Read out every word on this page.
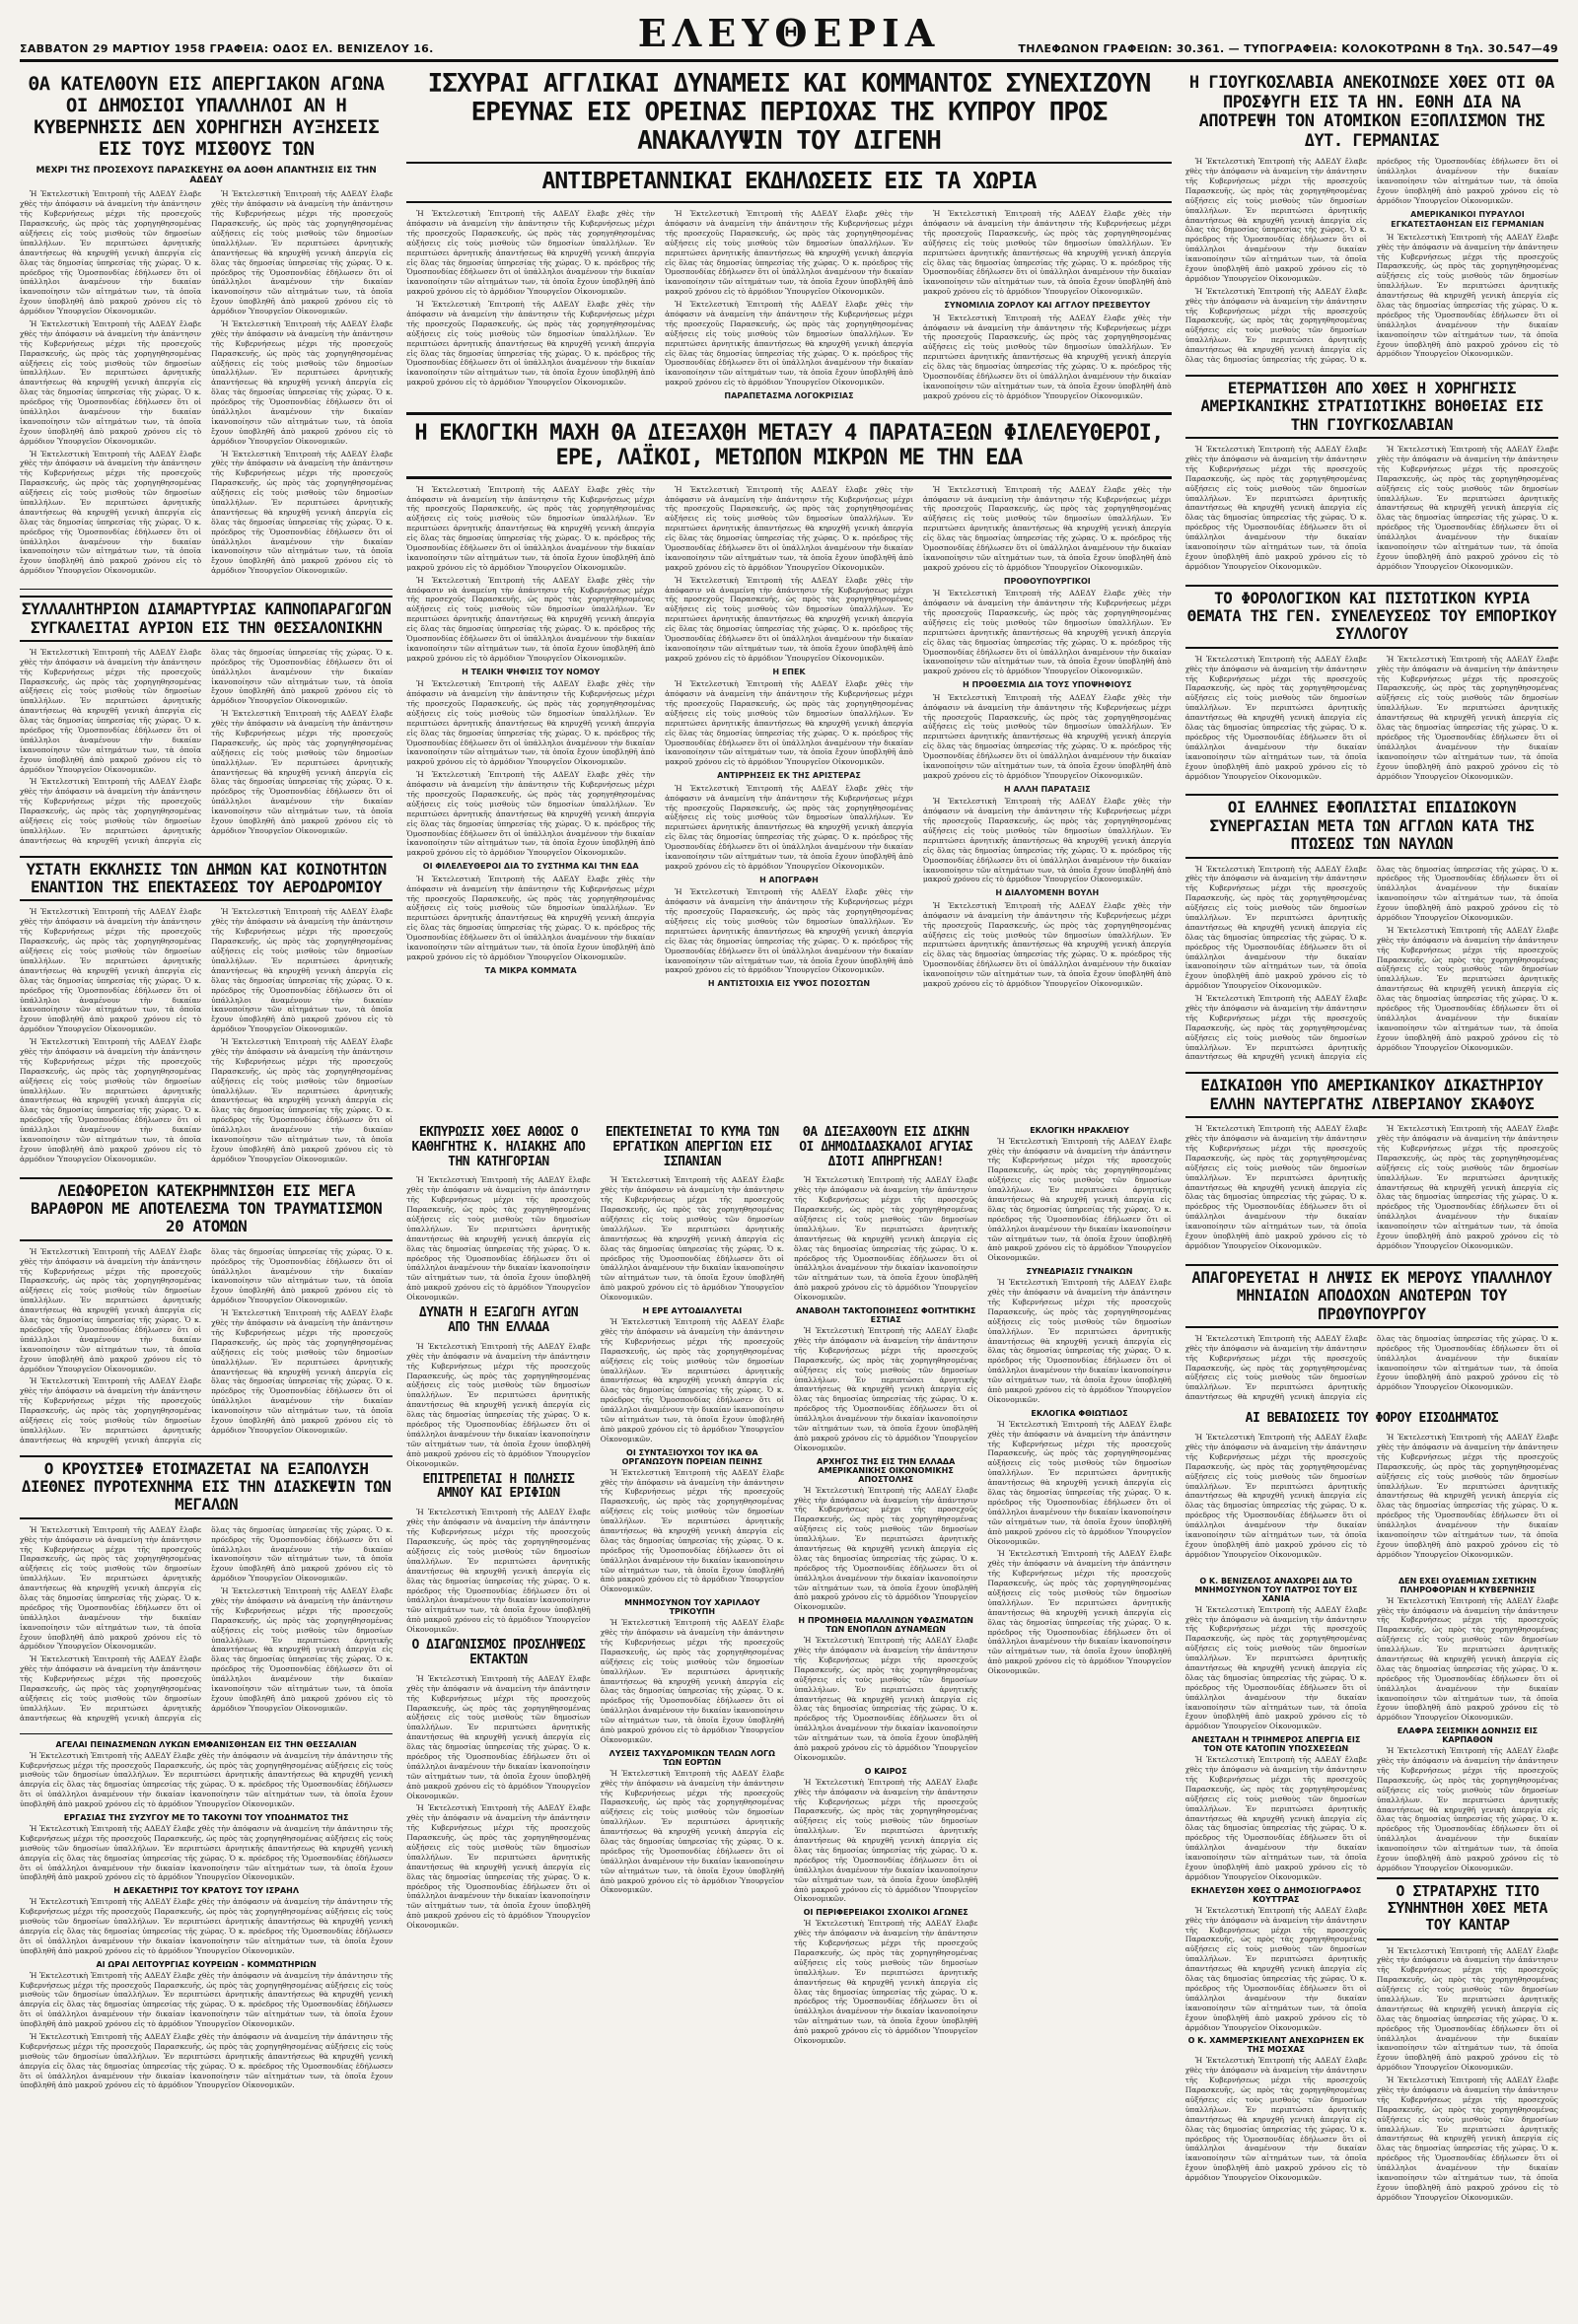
ΣΑΒΒΑΤΟΝ 29 ΜΑΡΤΙΟΥ 1958 ΓΡΑΦΕΙΑ: ΟΔΟΣ ΕΛ. ΒΕΝΙΖΕΛΟΥ 16.	ΕΛΕΥΘΕΡΙΑ	ΤΗΛΕΦΩΝΟΝ ΓΡΑΦΕΙΩΝ: 30.361. — ΤΥΠΟΓΡΑΦΕΙΑ: ΚΟΛΟΚΟΤΡΩΝΗ 8 Τηλ. 30.547—49
ΘΑ ΚΑΤΕΛΘΟΥΝ ΕΙΣ ΑΠΕΡΓΙΑΚΟΝ ΑΓΩΝΑ ΟΙ ΔΗΜΟΣΙΟΙ ΥΠΑΛΛΗΛΟΙ ΑΝ Η ΚΥΒΕΡΝΗΣΙΣ ΔΕΝ ΧΟΡΗΓΗΣΗ ΑΥΞΗΣΕΙΣ ΕΙΣ ΤΟΥΣ ΜΙΣΘΟΥΣ ΤΩΝ
ΜΕΧΡΙ ΤΗΣ ΠΡΟΣΕΧΟΥΣ ΠΑΡΑΣΚΕΥΗΣ ΘΑ ΔΟΘΗ ΑΠΑΝΤΗΣΙΣ ΕΙΣ ΤΗΝ ΑΔΕΔΥ

Ἡ Ἐκτελεστικὴ Ἐπιτροπὴ τῆς ΑΔΕΔΥ ἔλαβε χθὲς τὴν ἀπόφασιν νὰ ἀναμείνη τὴν ἀπάντησιν τῆς Κυβερνήσεως μέχρι τῆς προσεχοῦς Παρασκευῆς, ὡς πρὸς τὰς χορηγηθησομένας αὐξήσεις εἰς τοὺς μισθοὺς τῶν δημοσίων ὑπαλλήλων. Ἐν περιπτώσει ἀρνητικῆς ἀπαντήσεως θὰ κηρυχθῆ γενικὴ ἀπεργία εἰς ὅλας τὰς δημοσίας ὑπηρεσίας τῆς χώρας. Ὁ κ. πρόεδρος τῆς Ὁμοσπονδίας ἐδήλωσεν ὅτι οἱ ὑπάλληλοι ἀναμένουν τὴν δικαίαν ἱκανοποίησιν τῶν αἰτημάτων των, τὰ ὁποῖα ἔχουν ὑποβληθῆ ἀπὸ μακροῦ χρόνου εἰς τὸ ἁρμόδιον Ὑπουργεῖον Οἰκονομικῶν.

Ἡ Ἐκτελεστικὴ Ἐπιτροπὴ τῆς ΑΔΕΔΥ ἔλαβε χθὲς τὴν ἀπόφασιν νὰ ἀναμείνη τὴν ἀπάντησιν τῆς Κυβερνήσεως μέχρι τῆς προσεχοῦς Παρασκευῆς, ὡς πρὸς τὰς χορηγηθησομένας αὐξήσεις εἰς τοὺς μισθοὺς τῶν δημοσίων ὑπαλλήλων. Ἐν περιπτώσει ἀρνητικῆς ἀπαντήσεως θὰ κηρυχθῆ γενικὴ ἀπεργία εἰς ὅλας τὰς δημοσίας ὑπηρεσίας τῆς χώρας. Ὁ κ. πρόεδρος τῆς Ὁμοσπονδίας ἐδήλωσεν ὅτι οἱ ὑπάλληλοι ἀναμένουν τὴν δικαίαν ἱκανοποίησιν τῶν αἰτημάτων των, τὰ ὁποῖα ἔχουν ὑποβληθῆ ἀπὸ μακροῦ χρόνου εἰς τὸ ἁρμόδιον Ὑπουργεῖον Οἰκονομικῶν.

Ἡ Ἐκτελεστικὴ Ἐπιτροπὴ τῆς ΑΔΕΔΥ ἔλαβε χθὲς τὴν ἀπόφασιν νὰ ἀναμείνη τὴν ἀπάντησιν τῆς Κυβερνήσεως μέχρι τῆς προσεχοῦς Παρασκευῆς, ὡς πρὸς τὰς χορηγηθησομένας αὐξήσεις εἰς τοὺς μισθοὺς τῶν δημοσίων ὑπαλλήλων. Ἐν περιπτώσει ἀρνητικῆς ἀπαντήσεως θὰ κηρυχθῆ γενικὴ ἀπεργία εἰς ὅλας τὰς δημοσίας ὑπηρεσίας τῆς χώρας. Ὁ κ. πρόεδρος τῆς Ὁμοσπονδίας ἐδήλωσεν ὅτι οἱ ὑπάλληλοι ἀναμένουν τὴν δικαίαν ἱκανοποίησιν τῶν αἰτημάτων των, τὰ ὁποῖα ἔχουν ὑποβληθῆ ἀπὸ μακροῦ χρόνου εἰς τὸ ἁρμόδιον Ὑπουργεῖον Οἰκονομικῶν.

Ἡ Ἐκτελεστικὴ Ἐπιτροπὴ τῆς ΑΔΕΔΥ ἔλαβε χθὲς τὴν ἀπόφασιν νὰ ἀναμείνη τὴν ἀπάντησιν τῆς Κυβερνήσεως μέχρι τῆς προσεχοῦς Παρασκευῆς, ὡς πρὸς τὰς χορηγηθησομένας αὐξήσεις εἰς τοὺς μισθοὺς τῶν δημοσίων ὑπαλλήλων. Ἐν περιπτώσει ἀρνητικῆς ἀπαντήσεως θὰ κηρυχθῆ γενικὴ ἀπεργία εἰς ὅλας τὰς δημοσίας ὑπηρεσίας τῆς χώρας. Ὁ κ. πρόεδρος τῆς Ὁμοσπονδίας ἐδήλωσεν ὅτι οἱ ὑπάλληλοι ἀναμένουν τὴν δικαίαν ἱκανοποίησιν τῶν αἰτημάτων των, τὰ ὁποῖα ἔχουν ὑποβληθῆ ἀπὸ μακροῦ χρόνου εἰς τὸ ἁρμόδιον Ὑπουργεῖον Οἰκονομικῶν.

Ἡ Ἐκτελεστικὴ Ἐπιτροπὴ τῆς ΑΔΕΔΥ ἔλαβε χθὲς τὴν ἀπόφασιν νὰ ἀναμείνη τὴν ἀπάντησιν τῆς Κυβερνήσεως μέχρι τῆς προσεχοῦς Παρασκευῆς, ὡς πρὸς τὰς χορηγηθησομένας αὐξήσεις εἰς τοὺς μισθοὺς τῶν δημοσίων ὑπαλλήλων. Ἐν περιπτώσει ἀρνητικῆς ἀπαντήσεως θὰ κηρυχθῆ γενικὴ ἀπεργία εἰς ὅλας τὰς δημοσίας ὑπηρεσίας τῆς χώρας. Ὁ κ. πρόεδρος τῆς Ὁμοσπονδίας ἐδήλωσεν ὅτι οἱ ὑπάλληλοι ἀναμένουν τὴν δικαίαν ἱκανοποίησιν τῶν αἰτημάτων των, τὰ ὁποῖα ἔχουν ὑποβληθῆ ἀπὸ μακροῦ χρόνου εἰς τὸ ἁρμόδιον Ὑπουργεῖον Οἰκονομικῶν.

Ἡ Ἐκτελεστικὴ Ἐπιτροπὴ τῆς ΑΔΕΔΥ ἔλαβε χθὲς τὴν ἀπόφασιν νὰ ἀναμείνη τὴν ἀπάντησιν τῆς Κυβερνήσεως μέχρι τῆς προσεχοῦς Παρασκευῆς, ὡς πρὸς τὰς χορηγηθησομένας αὐξήσεις εἰς τοὺς μισθοὺς τῶν δημοσίων ὑπαλλήλων. Ἐν περιπτώσει ἀρνητικῆς ἀπαντήσεως θὰ κηρυχθῆ γενικὴ ἀπεργία εἰς ὅλας τὰς δημοσίας ὑπηρεσίας τῆς χώρας. Ὁ κ. πρόεδρος τῆς Ὁμοσπονδίας ἐδήλωσεν ὅτι οἱ ὑπάλληλοι ἀναμένουν τὴν δικαίαν ἱκανοποίησιν τῶν αἰτημάτων των, τὰ ὁποῖα ἔχουν ὑποβληθῆ ἀπὸ μακροῦ χρόνου εἰς τὸ ἁρμόδιον Ὑπουργεῖον Οἰκονομικῶν.

ΣΥΛΛΑΛΗΤΗΡΙΟΝ ΔΙΑΜΑΡΤΥΡΙΑΣ ΚΑΠΝΟΠΑΡΑΓΩΓΩΝ ΣΥΓΚΑΛΕΙΤΑΙ ΑΥΡΙΟΝ ΕΙΣ ΤΗΝ ΘΕΣΣΑΛΟΝΙΚΗΝ

Ἡ Ἐκτελεστικὴ Ἐπιτροπὴ τῆς ΑΔΕΔΥ ἔλαβε χθὲς τὴν ἀπόφασιν νὰ ἀναμείνη τὴν ἀπάντησιν τῆς Κυβερνήσεως μέχρι τῆς προσεχοῦς Παρασκευῆς, ὡς πρὸς τὰς χορηγηθησομένας αὐξήσεις εἰς τοὺς μισθοὺς τῶν δημοσίων ὑπαλλήλων. Ἐν περιπτώσει ἀρνητικῆς ἀπαντήσεως θὰ κηρυχθῆ γενικὴ ἀπεργία εἰς ὅλας τὰς δημοσίας ὑπηρεσίας τῆς χώρας. Ὁ κ. πρόεδρος τῆς Ὁμοσπονδίας ἐδήλωσεν ὅτι οἱ ὑπάλληλοι ἀναμένουν τὴν δικαίαν ἱκανοποίησιν τῶν αἰτημάτων των, τὰ ὁποῖα ἔχουν ὑποβληθῆ ἀπὸ μακροῦ χρόνου εἰς τὸ ἁρμόδιον Ὑπουργεῖον Οἰκονομικῶν.

Ἡ Ἐκτελεστικὴ Ἐπιτροπὴ τῆς ΑΔΕΔΥ ἔλαβε χθὲς τὴν ἀπόφασιν νὰ ἀναμείνη τὴν ἀπάντησιν τῆς Κυβερνήσεως μέχρι τῆς προσεχοῦς Παρασκευῆς, ὡς πρὸς τὰς χορηγηθησομένας αὐξήσεις εἰς τοὺς μισθοὺς τῶν δημοσίων ὑπαλλήλων. Ἐν περιπτώσει ἀρνητικῆς ἀπαντήσεως θὰ κηρυχθῆ γενικὴ ἀπεργία εἰς ὅλας τὰς δημοσίας ὑπηρεσίας τῆς χώρας. Ὁ κ. πρόεδρος τῆς Ὁμοσπονδίας ἐδήλωσεν ὅτι οἱ ὑπάλληλοι ἀναμένουν τὴν δικαίαν ἱκανοποίησιν τῶν αἰτημάτων των, τὰ ὁποῖα ἔχουν ὑποβληθῆ ἀπὸ μακροῦ χρόνου εἰς τὸ ἁρμόδιον Ὑπουργεῖον Οἰκονομικῶν.

Ἡ Ἐκτελεστικὴ Ἐπιτροπὴ τῆς ΑΔΕΔΥ ἔλαβε χθὲς τὴν ἀπόφασιν νὰ ἀναμείνη τὴν ἀπάντησιν τῆς Κυβερνήσεως μέχρι τῆς προσεχοῦς Παρασκευῆς, ὡς πρὸς τὰς χορηγηθησομένας αὐξήσεις εἰς τοὺς μισθοὺς τῶν δημοσίων ὑπαλλήλων. Ἐν περιπτώσει ἀρνητικῆς ἀπαντήσεως θὰ κηρυχθῆ γενικὴ ἀπεργία εἰς ὅλας τὰς δημοσίας ὑπηρεσίας τῆς χώρας. Ὁ κ. πρόεδρος τῆς Ὁμοσπονδίας ἐδήλωσεν ὅτι οἱ ὑπάλληλοι ἀναμένουν τὴν δικαίαν ἱκανοποίησιν τῶν αἰτημάτων των, τὰ ὁποῖα ἔχουν ὑποβληθῆ ἀπὸ μακροῦ χρόνου εἰς τὸ ἁρμόδιον Ὑπουργεῖον Οἰκονομικῶν.

ΥΣΤΑΤΗ ΕΚΚΛΗΣΙΣ ΤΩΝ ΔΗΜΩΝ ΚΑΙ ΚΟΙΝΟΤΗΤΩΝ ΕΝΑΝΤΙΟΝ ΤΗΣ ΕΠΕΚΤΑΣΕΩΣ ΤΟΥ ΑΕΡΟΔΡΟΜΙΟΥ

Ἡ Ἐκτελεστικὴ Ἐπιτροπὴ τῆς ΑΔΕΔΥ ἔλαβε χθὲς τὴν ἀπόφασιν νὰ ἀναμείνη τὴν ἀπάντησιν τῆς Κυβερνήσεως μέχρι τῆς προσεχοῦς Παρασκευῆς, ὡς πρὸς τὰς χορηγηθησομένας αὐξήσεις εἰς τοὺς μισθοὺς τῶν δημοσίων ὑπαλλήλων. Ἐν περιπτώσει ἀρνητικῆς ἀπαντήσεως θὰ κηρυχθῆ γενικὴ ἀπεργία εἰς ὅλας τὰς δημοσίας ὑπηρεσίας τῆς χώρας. Ὁ κ. πρόεδρος τῆς Ὁμοσπονδίας ἐδήλωσεν ὅτι οἱ ὑπάλληλοι ἀναμένουν τὴν δικαίαν ἱκανοποίησιν τῶν αἰτημάτων των, τὰ ὁποῖα ἔχουν ὑποβληθῆ ἀπὸ μακροῦ χρόνου εἰς τὸ ἁρμόδιον Ὑπουργεῖον Οἰκονομικῶν.

Ἡ Ἐκτελεστικὴ Ἐπιτροπὴ τῆς ΑΔΕΔΥ ἔλαβε χθὲς τὴν ἀπόφασιν νὰ ἀναμείνη τὴν ἀπάντησιν τῆς Κυβερνήσεως μέχρι τῆς προσεχοῦς Παρασκευῆς, ὡς πρὸς τὰς χορηγηθησομένας αὐξήσεις εἰς τοὺς μισθοὺς τῶν δημοσίων ὑπαλλήλων. Ἐν περιπτώσει ἀρνητικῆς ἀπαντήσεως θὰ κηρυχθῆ γενικὴ ἀπεργία εἰς ὅλας τὰς δημοσίας ὑπηρεσίας τῆς χώρας. Ὁ κ. πρόεδρος τῆς Ὁμοσπονδίας ἐδήλωσεν ὅτι οἱ ὑπάλληλοι ἀναμένουν τὴν δικαίαν ἱκανοποίησιν τῶν αἰτημάτων των, τὰ ὁποῖα ἔχουν ὑποβληθῆ ἀπὸ μακροῦ χρόνου εἰς τὸ ἁρμόδιον Ὑπουργεῖον Οἰκονομικῶν.

Ἡ Ἐκτελεστικὴ Ἐπιτροπὴ τῆς ΑΔΕΔΥ ἔλαβε χθὲς τὴν ἀπόφασιν νὰ ἀναμείνη τὴν ἀπάντησιν τῆς Κυβερνήσεως μέχρι τῆς προσεχοῦς Παρασκευῆς, ὡς πρὸς τὰς χορηγηθησομένας αὐξήσεις εἰς τοὺς μισθοὺς τῶν δημοσίων ὑπαλλήλων. Ἐν περιπτώσει ἀρνητικῆς ἀπαντήσεως θὰ κηρυχθῆ γενικὴ ἀπεργία εἰς ὅλας τὰς δημοσίας ὑπηρεσίας τῆς χώρας. Ὁ κ. πρόεδρος τῆς Ὁμοσπονδίας ἐδήλωσεν ὅτι οἱ ὑπάλληλοι ἀναμένουν τὴν δικαίαν ἱκανοποίησιν τῶν αἰτημάτων των, τὰ ὁποῖα ἔχουν ὑποβληθῆ ἀπὸ μακροῦ χρόνου εἰς τὸ ἁρμόδιον Ὑπουργεῖον Οἰκονομικῶν.

Ἡ Ἐκτελεστικὴ Ἐπιτροπὴ τῆς ΑΔΕΔΥ ἔλαβε χθὲς τὴν ἀπόφασιν νὰ ἀναμείνη τὴν ἀπάντησιν τῆς Κυβερνήσεως μέχρι τῆς προσεχοῦς Παρασκευῆς, ὡς πρὸς τὰς χορηγηθησομένας αὐξήσεις εἰς τοὺς μισθοὺς τῶν δημοσίων ὑπαλλήλων. Ἐν περιπτώσει ἀρνητικῆς ἀπαντήσεως θὰ κηρυχθῆ γενικὴ ἀπεργία εἰς ὅλας τὰς δημοσίας ὑπηρεσίας τῆς χώρας. Ὁ κ. πρόεδρος τῆς Ὁμοσπονδίας ἐδήλωσεν ὅτι οἱ ὑπάλληλοι ἀναμένουν τὴν δικαίαν ἱκανοποίησιν τῶν αἰτημάτων των, τὰ ὁποῖα ἔχουν ὑποβληθῆ ἀπὸ μακροῦ χρόνου εἰς τὸ ἁρμόδιον Ὑπουργεῖον Οἰκονομικῶν.

ΛΕΩΦΟΡΕΙΟΝ ΚΑΤΕΚΡΗΜΝΙΣΘΗ ΕΙΣ ΜΕΓΑ ΒΑΡΑΘΡΟΝ ΜΕ ΑΠΟΤΕΛΕΣΜΑ ΤΟΝ ΤΡΑΥΜΑΤΙΣΜΟΝ 20 ΑΤΟΜΩΝ

Ἡ Ἐκτελεστικὴ Ἐπιτροπὴ τῆς ΑΔΕΔΥ ἔλαβε χθὲς τὴν ἀπόφασιν νὰ ἀναμείνη τὴν ἀπάντησιν τῆς Κυβερνήσεως μέχρι τῆς προσεχοῦς Παρασκευῆς, ὡς πρὸς τὰς χορηγηθησομένας αὐξήσεις εἰς τοὺς μισθοὺς τῶν δημοσίων ὑπαλλήλων. Ἐν περιπτώσει ἀρνητικῆς ἀπαντήσεως θὰ κηρυχθῆ γενικὴ ἀπεργία εἰς ὅλας τὰς δημοσίας ὑπηρεσίας τῆς χώρας. Ὁ κ. πρόεδρος τῆς Ὁμοσπονδίας ἐδήλωσεν ὅτι οἱ ὑπάλληλοι ἀναμένουν τὴν δικαίαν ἱκανοποίησιν τῶν αἰτημάτων των, τὰ ὁποῖα ἔχουν ὑποβληθῆ ἀπὸ μακροῦ χρόνου εἰς τὸ ἁρμόδιον Ὑπουργεῖον Οἰκονομικῶν.

Ἡ Ἐκτελεστικὴ Ἐπιτροπὴ τῆς ΑΔΕΔΥ ἔλαβε χθὲς τὴν ἀπόφασιν νὰ ἀναμείνη τὴν ἀπάντησιν τῆς Κυβερνήσεως μέχρι τῆς προσεχοῦς Παρασκευῆς, ὡς πρὸς τὰς χορηγηθησομένας αὐξήσεις εἰς τοὺς μισθοὺς τῶν δημοσίων ὑπαλλήλων. Ἐν περιπτώσει ἀρνητικῆς ἀπαντήσεως θὰ κηρυχθῆ γενικὴ ἀπεργία εἰς ὅλας τὰς δημοσίας ὑπηρεσίας τῆς χώρας. Ὁ κ. πρόεδρος τῆς Ὁμοσπονδίας ἐδήλωσεν ὅτι οἱ ὑπάλληλοι ἀναμένουν τὴν δικαίαν ἱκανοποίησιν τῶν αἰτημάτων των, τὰ ὁποῖα ἔχουν ὑποβληθῆ ἀπὸ μακροῦ χρόνου εἰς τὸ ἁρμόδιον Ὑπουργεῖον Οἰκονομικῶν.

Ἡ Ἐκτελεστικὴ Ἐπιτροπὴ τῆς ΑΔΕΔΥ ἔλαβε χθὲς τὴν ἀπόφασιν νὰ ἀναμείνη τὴν ἀπάντησιν τῆς Κυβερνήσεως μέχρι τῆς προσεχοῦς Παρασκευῆς, ὡς πρὸς τὰς χορηγηθησομένας αὐξήσεις εἰς τοὺς μισθοὺς τῶν δημοσίων ὑπαλλήλων. Ἐν περιπτώσει ἀρνητικῆς ἀπαντήσεως θὰ κηρυχθῆ γενικὴ ἀπεργία εἰς ὅλας τὰς δημοσίας ὑπηρεσίας τῆς χώρας. Ὁ κ. πρόεδρος τῆς Ὁμοσπονδίας ἐδήλωσεν ὅτι οἱ ὑπάλληλοι ἀναμένουν τὴν δικαίαν ἱκανοποίησιν τῶν αἰτημάτων των, τὰ ὁποῖα ἔχουν ὑποβληθῆ ἀπὸ μακροῦ χρόνου εἰς τὸ ἁρμόδιον Ὑπουργεῖον Οἰκονομικῶν.

Ο ΚΡΟΥΣΤΣΕΦ ΕΤΟΙΜΑΖΕΤΑΙ ΝΑ ΕΞΑΠΟΛΥΣΗ ΔΙΕΘΝΕΣ ΠΥΡΟΤΕΧΝΗΜΑ ΕΙΣ ΤΗΝ ΔΙΑΣΚΕΨΙΝ ΤΩΝ ΜΕΓΑΛΩΝ

Ἡ Ἐκτελεστικὴ Ἐπιτροπὴ τῆς ΑΔΕΔΥ ἔλαβε χθὲς τὴν ἀπόφασιν νὰ ἀναμείνη τὴν ἀπάντησιν τῆς Κυβερνήσεως μέχρι τῆς προσεχοῦς Παρασκευῆς, ὡς πρὸς τὰς χορηγηθησομένας αὐξήσεις εἰς τοὺς μισθοὺς τῶν δημοσίων ὑπαλλήλων. Ἐν περιπτώσει ἀρνητικῆς ἀπαντήσεως θὰ κηρυχθῆ γενικὴ ἀπεργία εἰς ὅλας τὰς δημοσίας ὑπηρεσίας τῆς χώρας. Ὁ κ. πρόεδρος τῆς Ὁμοσπονδίας ἐδήλωσεν ὅτι οἱ ὑπάλληλοι ἀναμένουν τὴν δικαίαν ἱκανοποίησιν τῶν αἰτημάτων των, τὰ ὁποῖα ἔχουν ὑποβληθῆ ἀπὸ μακροῦ χρόνου εἰς τὸ ἁρμόδιον Ὑπουργεῖον Οἰκονομικῶν.

Ἡ Ἐκτελεστικὴ Ἐπιτροπὴ τῆς ΑΔΕΔΥ ἔλαβε χθὲς τὴν ἀπόφασιν νὰ ἀναμείνη τὴν ἀπάντησιν τῆς Κυβερνήσεως μέχρι τῆς προσεχοῦς Παρασκευῆς, ὡς πρὸς τὰς χορηγηθησομένας αὐξήσεις εἰς τοὺς μισθοὺς τῶν δημοσίων ὑπαλλήλων. Ἐν περιπτώσει ἀρνητικῆς ἀπαντήσεως θὰ κηρυχθῆ γενικὴ ἀπεργία εἰς ὅλας τὰς δημοσίας ὑπηρεσίας τῆς χώρας. Ὁ κ. πρόεδρος τῆς Ὁμοσπονδίας ἐδήλωσεν ὅτι οἱ ὑπάλληλοι ἀναμένουν τὴν δικαίαν ἱκανοποίησιν τῶν αἰτημάτων των, τὰ ὁποῖα ἔχουν ὑποβληθῆ ἀπὸ μακροῦ χρόνου εἰς τὸ ἁρμόδιον Ὑπουργεῖον Οἰκονομικῶν.

Ἡ Ἐκτελεστικὴ Ἐπιτροπὴ τῆς ΑΔΕΔΥ ἔλαβε χθὲς τὴν ἀπόφασιν νὰ ἀναμείνη τὴν ἀπάντησιν τῆς Κυβερνήσεως μέχρι τῆς προσεχοῦς Παρασκευῆς, ὡς πρὸς τὰς χορηγηθησομένας αὐξήσεις εἰς τοὺς μισθοὺς τῶν δημοσίων ὑπαλλήλων. Ἐν περιπτώσει ἀρνητικῆς ἀπαντήσεως θὰ κηρυχθῆ γενικὴ ἀπεργία εἰς ὅλας τὰς δημοσίας ὑπηρεσίας τῆς χώρας. Ὁ κ. πρόεδρος τῆς Ὁμοσπονδίας ἐδήλωσεν ὅτι οἱ ὑπάλληλοι ἀναμένουν τὴν δικαίαν ἱκανοποίησιν τῶν αἰτημάτων των, τὰ ὁποῖα ἔχουν ὑποβληθῆ ἀπὸ μακροῦ χρόνου εἰς τὸ ἁρμόδιον Ὑπουργεῖον Οἰκονομικῶν.

ΑΓΕΛΑΙ ΠΕΙΝΑΣΜΕΝΩΝ ΛΥΚΩΝ ΕΜΦΑΝΙΣΘΗΣΑΝ ΕΙΣ ΤΗΝ ΘΕΣΣΑΛΙΑΝ

Ἡ Ἐκτελεστικὴ Ἐπιτροπὴ τῆς ΑΔΕΔΥ ἔλαβε χθὲς τὴν ἀπόφασιν νὰ ἀναμείνη τὴν ἀπάντησιν τῆς Κυβερνήσεως μέχρι τῆς προσεχοῦς Παρασκευῆς, ὡς πρὸς τὰς χορηγηθησομένας αὐξήσεις εἰς τοὺς μισθοὺς τῶν δημοσίων ὑπαλλήλων. Ἐν περιπτώσει ἀρνητικῆς ἀπαντήσεως θὰ κηρυχθῆ γενικὴ ἀπεργία εἰς ὅλας τὰς δημοσίας ὑπηρεσίας τῆς χώρας. Ὁ κ. πρόεδρος τῆς Ὁμοσπονδίας ἐδήλωσεν ὅτι οἱ ὑπάλληλοι ἀναμένουν τὴν δικαίαν ἱκανοποίησιν τῶν αἰτημάτων των, τὰ ὁποῖα ἔχουν ὑποβληθῆ ἀπὸ μακροῦ χρόνου εἰς τὸ ἁρμόδιον Ὑπουργεῖον Οἰκονομικῶν.

ΕΡΓΑΣΙΑΣ ΤΗΣ ΣΥΖΥΓΟΥ ΜΕ ΤΟ ΤΑΚΟΥΝΙ ΤΟΥ ΥΠΟΔΗΜΑΤΟΣ ΤΗΣ

Ἡ Ἐκτελεστικὴ Ἐπιτροπὴ τῆς ΑΔΕΔΥ ἔλαβε χθὲς τὴν ἀπόφασιν νὰ ἀναμείνη τὴν ἀπάντησιν τῆς Κυβερνήσεως μέχρι τῆς προσεχοῦς Παρασκευῆς, ὡς πρὸς τὰς χορηγηθησομένας αὐξήσεις εἰς τοὺς μισθοὺς τῶν δημοσίων ὑπαλλήλων. Ἐν περιπτώσει ἀρνητικῆς ἀπαντήσεως θὰ κηρυχθῆ γενικὴ ἀπεργία εἰς ὅλας τὰς δημοσίας ὑπηρεσίας τῆς χώρας. Ὁ κ. πρόεδρος τῆς Ὁμοσπονδίας ἐδήλωσεν ὅτι οἱ ὑπάλληλοι ἀναμένουν τὴν δικαίαν ἱκανοποίησιν τῶν αἰτημάτων των, τὰ ὁποῖα ἔχουν ὑποβληθῆ ἀπὸ μακροῦ χρόνου εἰς τὸ ἁρμόδιον Ὑπουργεῖον Οἰκονομικῶν.

Η ΔΕΚΑΕΤΗΡΙΣ ΤΟΥ ΚΡΑΤΟΥΣ ΤΟΥ ΙΣΡΑΗΛ

Ἡ Ἐκτελεστικὴ Ἐπιτροπὴ τῆς ΑΔΕΔΥ ἔλαβε χθὲς τὴν ἀπόφασιν νὰ ἀναμείνη τὴν ἀπάντησιν τῆς Κυβερνήσεως μέχρι τῆς προσεχοῦς Παρασκευῆς, ὡς πρὸς τὰς χορηγηθησομένας αὐξήσεις εἰς τοὺς μισθοὺς τῶν δημοσίων ὑπαλλήλων. Ἐν περιπτώσει ἀρνητικῆς ἀπαντήσεως θὰ κηρυχθῆ γενικὴ ἀπεργία εἰς ὅλας τὰς δημοσίας ὑπηρεσίας τῆς χώρας. Ὁ κ. πρόεδρος τῆς Ὁμοσπονδίας ἐδήλωσεν ὅτι οἱ ὑπάλληλοι ἀναμένουν τὴν δικαίαν ἱκανοποίησιν τῶν αἰτημάτων των, τὰ ὁποῖα ἔχουν ὑποβληθῆ ἀπὸ μακροῦ χρόνου εἰς τὸ ἁρμόδιον Ὑπουργεῖον Οἰκονομικῶν.

ΑΙ ΩΡΑΙ ΛΕΙΤΟΥΡΓΙΑΣ ΚΟΥΡΕΙΩΝ - ΚΟΜΜΩΤΗΡΙΩΝ

Ἡ Ἐκτελεστικὴ Ἐπιτροπὴ τῆς ΑΔΕΔΥ ἔλαβε χθὲς τὴν ἀπόφασιν νὰ ἀναμείνη τὴν ἀπάντησιν τῆς Κυβερνήσεως μέχρι τῆς προσεχοῦς Παρασκευῆς, ὡς πρὸς τὰς χορηγηθησομένας αὐξήσεις εἰς τοὺς μισθοὺς τῶν δημοσίων ὑπαλλήλων. Ἐν περιπτώσει ἀρνητικῆς ἀπαντήσεως θὰ κηρυχθῆ γενικὴ ἀπεργία εἰς ὅλας τὰς δημοσίας ὑπηρεσίας τῆς χώρας. Ὁ κ. πρόεδρος τῆς Ὁμοσπονδίας ἐδήλωσεν ὅτι οἱ ὑπάλληλοι ἀναμένουν τὴν δικαίαν ἱκανοποίησιν τῶν αἰτημάτων των, τὰ ὁποῖα ἔχουν ὑποβληθῆ ἀπὸ μακροῦ χρόνου εἰς τὸ ἁρμόδιον Ὑπουργεῖον Οἰκονομικῶν.

Ἡ Ἐκτελεστικὴ Ἐπιτροπὴ τῆς ΑΔΕΔΥ ἔλαβε χθὲς τὴν ἀπόφασιν νὰ ἀναμείνη τὴν ἀπάντησιν τῆς Κυβερνήσεως μέχρι τῆς προσεχοῦς Παρασκευῆς, ὡς πρὸς τὰς χορηγηθησομένας αὐξήσεις εἰς τοὺς μισθοὺς τῶν δημοσίων ὑπαλλήλων. Ἐν περιπτώσει ἀρνητικῆς ἀπαντήσεως θὰ κηρυχθῆ γενικὴ ἀπεργία εἰς ὅλας τὰς δημοσίας ὑπηρεσίας τῆς χώρας. Ὁ κ. πρόεδρος τῆς Ὁμοσπονδίας ἐδήλωσεν ὅτι οἱ ὑπάλληλοι ἀναμένουν τὴν δικαίαν ἱκανοποίησιν τῶν αἰτημάτων των, τὰ ὁποῖα ἔχουν ὑποβληθῆ ἀπὸ μακροῦ χρόνου εἰς τὸ ἁρμόδιον Ὑπουργεῖον Οἰκονομικῶν.

ΙΣΧΥΡΑΙ ΑΓΓΛΙΚΑΙ ΔΥΝΑΜΕΙΣ ΚΑΙ ΚΟΜΜΑΝΤΟΣ ΣΥΝΕΧΙΖΟΥΝ ΕΡΕΥΝΑΣ ΕΙΣ ΟΡΕΙΝΑΣ ΠΕΡΙΟΧΑΣ ΤΗΣ ΚΥΠΡΟΥ ΠΡΟΣ ΑΝΑΚΑΛΥΨΙΝ ΤΟΥ ΔΙΓΕΝΗ
ΑΝΤΙΒΡΕΤΑΝΝΙΚΑΙ ΕΚΔΗΛΩΣΕΙΣ ΕΙΣ ΤΑ ΧΩΡΙΑ

Ἡ Ἐκτελεστικὴ Ἐπιτροπὴ τῆς ΑΔΕΔΥ ἔλαβε χθὲς τὴν ἀπόφασιν νὰ ἀναμείνη τὴν ἀπάντησιν τῆς Κυβερνήσεως μέχρι τῆς προσεχοῦς Παρασκευῆς, ὡς πρὸς τὰς χορηγηθησομένας αὐξήσεις εἰς τοὺς μισθοὺς τῶν δημοσίων ὑπαλλήλων. Ἐν περιπτώσει ἀρνητικῆς ἀπαντήσεως θὰ κηρυχθῆ γενικὴ ἀπεργία εἰς ὅλας τὰς δημοσίας ὑπηρεσίας τῆς χώρας. Ὁ κ. πρόεδρος τῆς Ὁμοσπονδίας ἐδήλωσεν ὅτι οἱ ὑπάλληλοι ἀναμένουν τὴν δικαίαν ἱκανοποίησιν τῶν αἰτημάτων των, τὰ ὁποῖα ἔχουν ὑποβληθῆ ἀπὸ μακροῦ χρόνου εἰς τὸ ἁρμόδιον Ὑπουργεῖον Οἰκονομικῶν.

Ἡ Ἐκτελεστικὴ Ἐπιτροπὴ τῆς ΑΔΕΔΥ ἔλαβε χθὲς τὴν ἀπόφασιν νὰ ἀναμείνη τὴν ἀπάντησιν τῆς Κυβερνήσεως μέχρι τῆς προσεχοῦς Παρασκευῆς, ὡς πρὸς τὰς χορηγηθησομένας αὐξήσεις εἰς τοὺς μισθοὺς τῶν δημοσίων ὑπαλλήλων. Ἐν περιπτώσει ἀρνητικῆς ἀπαντήσεως θὰ κηρυχθῆ γενικὴ ἀπεργία εἰς ὅλας τὰς δημοσίας ὑπηρεσίας τῆς χώρας. Ὁ κ. πρόεδρος τῆς Ὁμοσπονδίας ἐδήλωσεν ὅτι οἱ ὑπάλληλοι ἀναμένουν τὴν δικαίαν ἱκανοποίησιν τῶν αἰτημάτων των, τὰ ὁποῖα ἔχουν ὑποβληθῆ ἀπὸ μακροῦ χρόνου εἰς τὸ ἁρμόδιον Ὑπουργεῖον Οἰκονομικῶν.

Ἡ Ἐκτελεστικὴ Ἐπιτροπὴ τῆς ΑΔΕΔΥ ἔλαβε χθὲς τὴν ἀπόφασιν νὰ ἀναμείνη τὴν ἀπάντησιν τῆς Κυβερνήσεως μέχρι τῆς προσεχοῦς Παρασκευῆς, ὡς πρὸς τὰς χορηγηθησομένας αὐξήσεις εἰς τοὺς μισθοὺς τῶν δημοσίων ὑπαλλήλων. Ἐν περιπτώσει ἀρνητικῆς ἀπαντήσεως θὰ κηρυχθῆ γενικὴ ἀπεργία εἰς ὅλας τὰς δημοσίας ὑπηρεσίας τῆς χώρας. Ὁ κ. πρόεδρος τῆς Ὁμοσπονδίας ἐδήλωσεν ὅτι οἱ ὑπάλληλοι ἀναμένουν τὴν δικαίαν ἱκανοποίησιν τῶν αἰτημάτων των, τὰ ὁποῖα ἔχουν ὑποβληθῆ ἀπὸ μακροῦ χρόνου εἰς τὸ ἁρμόδιον Ὑπουργεῖον Οἰκονομικῶν.

Ἡ Ἐκτελεστικὴ Ἐπιτροπὴ τῆς ΑΔΕΔΥ ἔλαβε χθὲς τὴν ἀπόφασιν νὰ ἀναμείνη τὴν ἀπάντησιν τῆς Κυβερνήσεως μέχρι τῆς προσεχοῦς Παρασκευῆς, ὡς πρὸς τὰς χορηγηθησομένας αὐξήσεις εἰς τοὺς μισθοὺς τῶν δημοσίων ὑπαλλήλων. Ἐν περιπτώσει ἀρνητικῆς ἀπαντήσεως θὰ κηρυχθῆ γενικὴ ἀπεργία εἰς ὅλας τὰς δημοσίας ὑπηρεσίας τῆς χώρας. Ὁ κ. πρόεδρος τῆς Ὁμοσπονδίας ἐδήλωσεν ὅτι οἱ ὑπάλληλοι ἀναμένουν τὴν δικαίαν ἱκανοποίησιν τῶν αἰτημάτων των, τὰ ὁποῖα ἔχουν ὑποβληθῆ ἀπὸ μακροῦ χρόνου εἰς τὸ ἁρμόδιον Ὑπουργεῖον Οἰκονομικῶν.

ΠΑΡΑΠΕΤΑΣΜΑ ΛΟΓΟΚΡΙΣΙΑΣ

Ἡ Ἐκτελεστικὴ Ἐπιτροπὴ τῆς ΑΔΕΔΥ ἔλαβε χθὲς τὴν ἀπόφασιν νὰ ἀναμείνη τὴν ἀπάντησιν τῆς Κυβερνήσεως μέχρι τῆς προσεχοῦς Παρασκευῆς, ὡς πρὸς τὰς χορηγηθησομένας αὐξήσεις εἰς τοὺς μισθοὺς τῶν δημοσίων ὑπαλλήλων. Ἐν περιπτώσει ἀρνητικῆς ἀπαντήσεως θὰ κηρυχθῆ γενικὴ ἀπεργία εἰς ὅλας τὰς δημοσίας ὑπηρεσίας τῆς χώρας. Ὁ κ. πρόεδρος τῆς Ὁμοσπονδίας ἐδήλωσεν ὅτι οἱ ὑπάλληλοι ἀναμένουν τὴν δικαίαν ἱκανοποίησιν τῶν αἰτημάτων των, τὰ ὁποῖα ἔχουν ὑποβληθῆ ἀπὸ μακροῦ χρόνου εἰς τὸ ἁρμόδιον Ὑπουργεῖον Οἰκονομικῶν.

ΣΥΝΟΜΙΛΙΑ ΖΟΡΛΟΥ ΚΑΙ ΑΓΓΛΟΥ ΠΡΕΣΒΕΥΤΟΥ

Ἡ Ἐκτελεστικὴ Ἐπιτροπὴ τῆς ΑΔΕΔΥ ἔλαβε χθὲς τὴν ἀπόφασιν νὰ ἀναμείνη τὴν ἀπάντησιν τῆς Κυβερνήσεως μέχρι τῆς προσεχοῦς Παρασκευῆς, ὡς πρὸς τὰς χορηγηθησομένας αὐξήσεις εἰς τοὺς μισθοὺς τῶν δημοσίων ὑπαλλήλων. Ἐν περιπτώσει ἀρνητικῆς ἀπαντήσεως θὰ κηρυχθῆ γενικὴ ἀπεργία εἰς ὅλας τὰς δημοσίας ὑπηρεσίας τῆς χώρας. Ὁ κ. πρόεδρος τῆς Ὁμοσπονδίας ἐδήλωσεν ὅτι οἱ ὑπάλληλοι ἀναμένουν τὴν δικαίαν ἱκανοποίησιν τῶν αἰτημάτων των, τὰ ὁποῖα ἔχουν ὑποβληθῆ ἀπὸ μακροῦ χρόνου εἰς τὸ ἁρμόδιον Ὑπουργεῖον Οἰκονομικῶν.

Η ΕΚΛΟΓΙΚΗ ΜΑΧΗ ΘΑ ΔΙΕΞΑΧΘΗ ΜΕΤΑΞΥ 4 ΠΑΡΑΤΑΞΕΩΝ ΦΙΛΕΛΕΥΘΕΡΟΙ, ΕΡΕ, ΛΑΪΚΟΙ, ΜΕΤΩΠΟΝ ΜΙΚΡΩΝ ΜΕ ΤΗΝ ΕΔΑ

Ἡ Ἐκτελεστικὴ Ἐπιτροπὴ τῆς ΑΔΕΔΥ ἔλαβε χθὲς τὴν ἀπόφασιν νὰ ἀναμείνη τὴν ἀπάντησιν τῆς Κυβερνήσεως μέχρι τῆς προσεχοῦς Παρασκευῆς, ὡς πρὸς τὰς χορηγηθησομένας αὐξήσεις εἰς τοὺς μισθοὺς τῶν δημοσίων ὑπαλλήλων. Ἐν περιπτώσει ἀρνητικῆς ἀπαντήσεως θὰ κηρυχθῆ γενικὴ ἀπεργία εἰς ὅλας τὰς δημοσίας ὑπηρεσίας τῆς χώρας. Ὁ κ. πρόεδρος τῆς Ὁμοσπονδίας ἐδήλωσεν ὅτι οἱ ὑπάλληλοι ἀναμένουν τὴν δικαίαν ἱκανοποίησιν τῶν αἰτημάτων των, τὰ ὁποῖα ἔχουν ὑποβληθῆ ἀπὸ μακροῦ χρόνου εἰς τὸ ἁρμόδιον Ὑπουργεῖον Οἰκονομικῶν.

Ἡ Ἐκτελεστικὴ Ἐπιτροπὴ τῆς ΑΔΕΔΥ ἔλαβε χθὲς τὴν ἀπόφασιν νὰ ἀναμείνη τὴν ἀπάντησιν τῆς Κυβερνήσεως μέχρι τῆς προσεχοῦς Παρασκευῆς, ὡς πρὸς τὰς χορηγηθησομένας αὐξήσεις εἰς τοὺς μισθοὺς τῶν δημοσίων ὑπαλλήλων. Ἐν περιπτώσει ἀρνητικῆς ἀπαντήσεως θὰ κηρυχθῆ γενικὴ ἀπεργία εἰς ὅλας τὰς δημοσίας ὑπηρεσίας τῆς χώρας. Ὁ κ. πρόεδρος τῆς Ὁμοσπονδίας ἐδήλωσεν ὅτι οἱ ὑπάλληλοι ἀναμένουν τὴν δικαίαν ἱκανοποίησιν τῶν αἰτημάτων των, τὰ ὁποῖα ἔχουν ὑποβληθῆ ἀπὸ μακροῦ χρόνου εἰς τὸ ἁρμόδιον Ὑπουργεῖον Οἰκονομικῶν.

Η ΤΕΛΙΚΗ ΨΗΦΙΣΙΣ ΤΟΥ ΝΟΜΟΥ

Ἡ Ἐκτελεστικὴ Ἐπιτροπὴ τῆς ΑΔΕΔΥ ἔλαβε χθὲς τὴν ἀπόφασιν νὰ ἀναμείνη τὴν ἀπάντησιν τῆς Κυβερνήσεως μέχρι τῆς προσεχοῦς Παρασκευῆς, ὡς πρὸς τὰς χορηγηθησομένας αὐξήσεις εἰς τοὺς μισθοὺς τῶν δημοσίων ὑπαλλήλων. Ἐν περιπτώσει ἀρνητικῆς ἀπαντήσεως θὰ κηρυχθῆ γενικὴ ἀπεργία εἰς ὅλας τὰς δημοσίας ὑπηρεσίας τῆς χώρας. Ὁ κ. πρόεδρος τῆς Ὁμοσπονδίας ἐδήλωσεν ὅτι οἱ ὑπάλληλοι ἀναμένουν τὴν δικαίαν ἱκανοποίησιν τῶν αἰτημάτων των, τὰ ὁποῖα ἔχουν ὑποβληθῆ ἀπὸ μακροῦ χρόνου εἰς τὸ ἁρμόδιον Ὑπουργεῖον Οἰκονομικῶν.

Ἡ Ἐκτελεστικὴ Ἐπιτροπὴ τῆς ΑΔΕΔΥ ἔλαβε χθὲς τὴν ἀπόφασιν νὰ ἀναμείνη τὴν ἀπάντησιν τῆς Κυβερνήσεως μέχρι τῆς προσεχοῦς Παρασκευῆς, ὡς πρὸς τὰς χορηγηθησομένας αὐξήσεις εἰς τοὺς μισθοὺς τῶν δημοσίων ὑπαλλήλων. Ἐν περιπτώσει ἀρνητικῆς ἀπαντήσεως θὰ κηρυχθῆ γενικὴ ἀπεργία εἰς ὅλας τὰς δημοσίας ὑπηρεσίας τῆς χώρας. Ὁ κ. πρόεδρος τῆς Ὁμοσπονδίας ἐδήλωσεν ὅτι οἱ ὑπάλληλοι ἀναμένουν τὴν δικαίαν ἱκανοποίησιν τῶν αἰτημάτων των, τὰ ὁποῖα ἔχουν ὑποβληθῆ ἀπὸ μακροῦ χρόνου εἰς τὸ ἁρμόδιον Ὑπουργεῖον Οἰκονομικῶν.

ΟΙ ΦΙΛΕΛΕΥΘΕΡΟΙ ΔΙΑ ΤΟ ΣΥΣΤΗΜΑ ΚΑΙ ΤΗΝ ΕΔΑ

Ἡ Ἐκτελεστικὴ Ἐπιτροπὴ τῆς ΑΔΕΔΥ ἔλαβε χθὲς τὴν ἀπόφασιν νὰ ἀναμείνη τὴν ἀπάντησιν τῆς Κυβερνήσεως μέχρι τῆς προσεχοῦς Παρασκευῆς, ὡς πρὸς τὰς χορηγηθησομένας αὐξήσεις εἰς τοὺς μισθοὺς τῶν δημοσίων ὑπαλλήλων. Ἐν περιπτώσει ἀρνητικῆς ἀπαντήσεως θὰ κηρυχθῆ γενικὴ ἀπεργία εἰς ὅλας τὰς δημοσίας ὑπηρεσίας τῆς χώρας. Ὁ κ. πρόεδρος τῆς Ὁμοσπονδίας ἐδήλωσεν ὅτι οἱ ὑπάλληλοι ἀναμένουν τὴν δικαίαν ἱκανοποίησιν τῶν αἰτημάτων των, τὰ ὁποῖα ἔχουν ὑποβληθῆ ἀπὸ μακροῦ χρόνου εἰς τὸ ἁρμόδιον Ὑπουργεῖον Οἰκονομικῶν.

ΤΑ ΜΙΚΡΑ ΚΟΜΜΑΤΑ

Ἡ Ἐκτελεστικὴ Ἐπιτροπὴ τῆς ΑΔΕΔΥ ἔλαβε χθὲς τὴν ἀπόφασιν νὰ ἀναμείνη τὴν ἀπάντησιν τῆς Κυβερνήσεως μέχρι τῆς προσεχοῦς Παρασκευῆς, ὡς πρὸς τὰς χορηγηθησομένας αὐξήσεις εἰς τοὺς μισθοὺς τῶν δημοσίων ὑπαλλήλων. Ἐν περιπτώσει ἀρνητικῆς ἀπαντήσεως θὰ κηρυχθῆ γενικὴ ἀπεργία εἰς ὅλας τὰς δημοσίας ὑπηρεσίας τῆς χώρας. Ὁ κ. πρόεδρος τῆς Ὁμοσπονδίας ἐδήλωσεν ὅτι οἱ ὑπάλληλοι ἀναμένουν τὴν δικαίαν ἱκανοποίησιν τῶν αἰτημάτων των, τὰ ὁποῖα ἔχουν ὑποβληθῆ ἀπὸ μακροῦ χρόνου εἰς τὸ ἁρμόδιον Ὑπουργεῖον Οἰκονομικῶν.

Ἡ Ἐκτελεστικὴ Ἐπιτροπὴ τῆς ΑΔΕΔΥ ἔλαβε χθὲς τὴν ἀπόφασιν νὰ ἀναμείνη τὴν ἀπάντησιν τῆς Κυβερνήσεως μέχρι τῆς προσεχοῦς Παρασκευῆς, ὡς πρὸς τὰς χορηγηθησομένας αὐξήσεις εἰς τοὺς μισθοὺς τῶν δημοσίων ὑπαλλήλων. Ἐν περιπτώσει ἀρνητικῆς ἀπαντήσεως θὰ κηρυχθῆ γενικὴ ἀπεργία εἰς ὅλας τὰς δημοσίας ὑπηρεσίας τῆς χώρας. Ὁ κ. πρόεδρος τῆς Ὁμοσπονδίας ἐδήλωσεν ὅτι οἱ ὑπάλληλοι ἀναμένουν τὴν δικαίαν ἱκανοποίησιν τῶν αἰτημάτων των, τὰ ὁποῖα ἔχουν ὑποβληθῆ ἀπὸ μακροῦ χρόνου εἰς τὸ ἁρμόδιον Ὑπουργεῖον Οἰκονομικῶν.

Η ΕΠΕΚ

Ἡ Ἐκτελεστικὴ Ἐπιτροπὴ τῆς ΑΔΕΔΥ ἔλαβε χθὲς τὴν ἀπόφασιν νὰ ἀναμείνη τὴν ἀπάντησιν τῆς Κυβερνήσεως μέχρι τῆς προσεχοῦς Παρασκευῆς, ὡς πρὸς τὰς χορηγηθησομένας αὐξήσεις εἰς τοὺς μισθοὺς τῶν δημοσίων ὑπαλλήλων. Ἐν περιπτώσει ἀρνητικῆς ἀπαντήσεως θὰ κηρυχθῆ γενικὴ ἀπεργία εἰς ὅλας τὰς δημοσίας ὑπηρεσίας τῆς χώρας. Ὁ κ. πρόεδρος τῆς Ὁμοσπονδίας ἐδήλωσεν ὅτι οἱ ὑπάλληλοι ἀναμένουν τὴν δικαίαν ἱκανοποίησιν τῶν αἰτημάτων των, τὰ ὁποῖα ἔχουν ὑποβληθῆ ἀπὸ μακροῦ χρόνου εἰς τὸ ἁρμόδιον Ὑπουργεῖον Οἰκονομικῶν.

ΑΝΤΙΡΡΗΣΕΙΣ ΕΚ ΤΗΣ ΑΡΙΣΤΕΡΑΣ

Ἡ Ἐκτελεστικὴ Ἐπιτροπὴ τῆς ΑΔΕΔΥ ἔλαβε χθὲς τὴν ἀπόφασιν νὰ ἀναμείνη τὴν ἀπάντησιν τῆς Κυβερνήσεως μέχρι τῆς προσεχοῦς Παρασκευῆς, ὡς πρὸς τὰς χορηγηθησομένας αὐξήσεις εἰς τοὺς μισθοὺς τῶν δημοσίων ὑπαλλήλων. Ἐν περιπτώσει ἀρνητικῆς ἀπαντήσεως θὰ κηρυχθῆ γενικὴ ἀπεργία εἰς ὅλας τὰς δημοσίας ὑπηρεσίας τῆς χώρας. Ὁ κ. πρόεδρος τῆς Ὁμοσπονδίας ἐδήλωσεν ὅτι οἱ ὑπάλληλοι ἀναμένουν τὴν δικαίαν ἱκανοποίησιν τῶν αἰτημάτων των, τὰ ὁποῖα ἔχουν ὑποβληθῆ ἀπὸ μακροῦ χρόνου εἰς τὸ ἁρμόδιον Ὑπουργεῖον Οἰκονομικῶν.

Η ΑΠΟΓΡΑΦΗ

Ἡ Ἐκτελεστικὴ Ἐπιτροπὴ τῆς ΑΔΕΔΥ ἔλαβε χθὲς τὴν ἀπόφασιν νὰ ἀναμείνη τὴν ἀπάντησιν τῆς Κυβερνήσεως μέχρι τῆς προσεχοῦς Παρασκευῆς, ὡς πρὸς τὰς χορηγηθησομένας αὐξήσεις εἰς τοὺς μισθοὺς τῶν δημοσίων ὑπαλλήλων. Ἐν περιπτώσει ἀρνητικῆς ἀπαντήσεως θὰ κηρυχθῆ γενικὴ ἀπεργία εἰς ὅλας τὰς δημοσίας ὑπηρεσίας τῆς χώρας. Ὁ κ. πρόεδρος τῆς Ὁμοσπονδίας ἐδήλωσεν ὅτι οἱ ὑπάλληλοι ἀναμένουν τὴν δικαίαν ἱκανοποίησιν τῶν αἰτημάτων των, τὰ ὁποῖα ἔχουν ὑποβληθῆ ἀπὸ μακροῦ χρόνου εἰς τὸ ἁρμόδιον Ὑπουργεῖον Οἰκονομικῶν.

Η ΑΝΤΙΣΤΟΙΧΙΑ ΕΙΣ ΥΨΟΣ ΠΟΣΟΣΤΩΝ

Ἡ Ἐκτελεστικὴ Ἐπιτροπὴ τῆς ΑΔΕΔΥ ἔλαβε χθὲς τὴν ἀπόφασιν νὰ ἀναμείνη τὴν ἀπάντησιν τῆς Κυβερνήσεως μέχρι τῆς προσεχοῦς Παρασκευῆς, ὡς πρὸς τὰς χορηγηθησομένας αὐξήσεις εἰς τοὺς μισθοὺς τῶν δημοσίων ὑπαλλήλων. Ἐν περιπτώσει ἀρνητικῆς ἀπαντήσεως θὰ κηρυχθῆ γενικὴ ἀπεργία εἰς ὅλας τὰς δημοσίας ὑπηρεσίας τῆς χώρας. Ὁ κ. πρόεδρος τῆς Ὁμοσπονδίας ἐδήλωσεν ὅτι οἱ ὑπάλληλοι ἀναμένουν τὴν δικαίαν ἱκανοποίησιν τῶν αἰτημάτων των, τὰ ὁποῖα ἔχουν ὑποβληθῆ ἀπὸ μακροῦ χρόνου εἰς τὸ ἁρμόδιον Ὑπουργεῖον Οἰκονομικῶν.

ΠΡΟΘΟΥΠΟΥΡΓΙΚΟΙ

Ἡ Ἐκτελεστικὴ Ἐπιτροπὴ τῆς ΑΔΕΔΥ ἔλαβε χθὲς τὴν ἀπόφασιν νὰ ἀναμείνη τὴν ἀπάντησιν τῆς Κυβερνήσεως μέχρι τῆς προσεχοῦς Παρασκευῆς, ὡς πρὸς τὰς χορηγηθησομένας αὐξήσεις εἰς τοὺς μισθοὺς τῶν δημοσίων ὑπαλλήλων. Ἐν περιπτώσει ἀρνητικῆς ἀπαντήσεως θὰ κηρυχθῆ γενικὴ ἀπεργία εἰς ὅλας τὰς δημοσίας ὑπηρεσίας τῆς χώρας. Ὁ κ. πρόεδρος τῆς Ὁμοσπονδίας ἐδήλωσεν ὅτι οἱ ὑπάλληλοι ἀναμένουν τὴν δικαίαν ἱκανοποίησιν τῶν αἰτημάτων των, τὰ ὁποῖα ἔχουν ὑποβληθῆ ἀπὸ μακροῦ χρόνου εἰς τὸ ἁρμόδιον Ὑπουργεῖον Οἰκονομικῶν.

Η ΠΡΟΘΕΣΜΙΑ ΔΙΑ ΤΟΥΣ ΥΠΟΨΗΦΙΟΥΣ

Ἡ Ἐκτελεστικὴ Ἐπιτροπὴ τῆς ΑΔΕΔΥ ἔλαβε χθὲς τὴν ἀπόφασιν νὰ ἀναμείνη τὴν ἀπάντησιν τῆς Κυβερνήσεως μέχρι τῆς προσεχοῦς Παρασκευῆς, ὡς πρὸς τὰς χορηγηθησομένας αὐξήσεις εἰς τοὺς μισθοὺς τῶν δημοσίων ὑπαλλήλων. Ἐν περιπτώσει ἀρνητικῆς ἀπαντήσεως θὰ κηρυχθῆ γενικὴ ἀπεργία εἰς ὅλας τὰς δημοσίας ὑπηρεσίας τῆς χώρας. Ὁ κ. πρόεδρος τῆς Ὁμοσπονδίας ἐδήλωσεν ὅτι οἱ ὑπάλληλοι ἀναμένουν τὴν δικαίαν ἱκανοποίησιν τῶν αἰτημάτων των, τὰ ὁποῖα ἔχουν ὑποβληθῆ ἀπὸ μακροῦ χρόνου εἰς τὸ ἁρμόδιον Ὑπουργεῖον Οἰκονομικῶν.

Η ΑΛΛΗ ΠΑΡΑΤΑΞΙΣ

Ἡ Ἐκτελεστικὴ Ἐπιτροπὴ τῆς ΑΔΕΔΥ ἔλαβε χθὲς τὴν ἀπόφασιν νὰ ἀναμείνη τὴν ἀπάντησιν τῆς Κυβερνήσεως μέχρι τῆς προσεχοῦς Παρασκευῆς, ὡς πρὸς τὰς χορηγηθησομένας αὐξήσεις εἰς τοὺς μισθοὺς τῶν δημοσίων ὑπαλλήλων. Ἐν περιπτώσει ἀρνητικῆς ἀπαντήσεως θὰ κηρυχθῆ γενικὴ ἀπεργία εἰς ὅλας τὰς δημοσίας ὑπηρεσίας τῆς χώρας. Ὁ κ. πρόεδρος τῆς Ὁμοσπονδίας ἐδήλωσεν ὅτι οἱ ὑπάλληλοι ἀναμένουν τὴν δικαίαν ἱκανοποίησιν τῶν αἰτημάτων των, τὰ ὁποῖα ἔχουν ὑποβληθῆ ἀπὸ μακροῦ χρόνου εἰς τὸ ἁρμόδιον Ὑπουργεῖον Οἰκονομικῶν.

Η ΔΙΑΛΥΟΜΕΝΗ ΒΟΥΛΗ

Ἡ Ἐκτελεστικὴ Ἐπιτροπὴ τῆς ΑΔΕΔΥ ἔλαβε χθὲς τὴν ἀπόφασιν νὰ ἀναμείνη τὴν ἀπάντησιν τῆς Κυβερνήσεως μέχρι τῆς προσεχοῦς Παρασκευῆς, ὡς πρὸς τὰς χορηγηθησομένας αὐξήσεις εἰς τοὺς μισθοὺς τῶν δημοσίων ὑπαλλήλων. Ἐν περιπτώσει ἀρνητικῆς ἀπαντήσεως θὰ κηρυχθῆ γενικὴ ἀπεργία εἰς ὅλας τὰς δημοσίας ὑπηρεσίας τῆς χώρας. Ὁ κ. πρόεδρος τῆς Ὁμοσπονδίας ἐδήλωσεν ὅτι οἱ ὑπάλληλοι ἀναμένουν τὴν δικαίαν ἱκανοποίησιν τῶν αἰτημάτων των, τὰ ὁποῖα ἔχουν ὑποβληθῆ ἀπὸ μακροῦ χρόνου εἰς τὸ ἁρμόδιον Ὑπουργεῖον Οἰκονομικῶν.

ΕΚΠΥΡΩΣΙΣ ΧΘΕΣ ΑΘΩΟΣ Ο ΚΑΘΗΓΗΤΗΣ Κ. ΗΛΙΑΚΗΣ ΑΠΟ ΤΗΝ ΚΑΤΗΓΟΡΙΑΝ

Ἡ Ἐκτελεστικὴ Ἐπιτροπὴ τῆς ΑΔΕΔΥ ἔλαβε χθὲς τὴν ἀπόφασιν νὰ ἀναμείνη τὴν ἀπάντησιν τῆς Κυβερνήσεως μέχρι τῆς προσεχοῦς Παρασκευῆς, ὡς πρὸς τὰς χορηγηθησομένας αὐξήσεις εἰς τοὺς μισθοὺς τῶν δημοσίων ὑπαλλήλων. Ἐν περιπτώσει ἀρνητικῆς ἀπαντήσεως θὰ κηρυχθῆ γενικὴ ἀπεργία εἰς ὅλας τὰς δημοσίας ὑπηρεσίας τῆς χώρας. Ὁ κ. πρόεδρος τῆς Ὁμοσπονδίας ἐδήλωσεν ὅτι οἱ ὑπάλληλοι ἀναμένουν τὴν δικαίαν ἱκανοποίησιν τῶν αἰτημάτων των, τὰ ὁποῖα ἔχουν ὑποβληθῆ ἀπὸ μακροῦ χρόνου εἰς τὸ ἁρμόδιον Ὑπουργεῖον Οἰκονομικῶν.

ΔΥΝΑΤΗ Η ΕΞΑΓΩΓΗ ΑΥΓΩΝ ΑΠΟ ΤΗΝ ΕΛΛΑΔΑ

Ἡ Ἐκτελεστικὴ Ἐπιτροπὴ τῆς ΑΔΕΔΥ ἔλαβε χθὲς τὴν ἀπόφασιν νὰ ἀναμείνη τὴν ἀπάντησιν τῆς Κυβερνήσεως μέχρι τῆς προσεχοῦς Παρασκευῆς, ὡς πρὸς τὰς χορηγηθησομένας αὐξήσεις εἰς τοὺς μισθοὺς τῶν δημοσίων ὑπαλλήλων. Ἐν περιπτώσει ἀρνητικῆς ἀπαντήσεως θὰ κηρυχθῆ γενικὴ ἀπεργία εἰς ὅλας τὰς δημοσίας ὑπηρεσίας τῆς χώρας. Ὁ κ. πρόεδρος τῆς Ὁμοσπονδίας ἐδήλωσεν ὅτι οἱ ὑπάλληλοι ἀναμένουν τὴν δικαίαν ἱκανοποίησιν τῶν αἰτημάτων των, τὰ ὁποῖα ἔχουν ὑποβληθῆ ἀπὸ μακροῦ χρόνου εἰς τὸ ἁρμόδιον Ὑπουργεῖον Οἰκονομικῶν.

ΕΠΙΤΡΕΠΕΤΑΙ Η ΠΩΛΗΣΙΣ ΑΜΝΟΥ ΚΑΙ ΕΡΙΦΙΩΝ

Ἡ Ἐκτελεστικὴ Ἐπιτροπὴ τῆς ΑΔΕΔΥ ἔλαβε χθὲς τὴν ἀπόφασιν νὰ ἀναμείνη τὴν ἀπάντησιν τῆς Κυβερνήσεως μέχρι τῆς προσεχοῦς Παρασκευῆς, ὡς πρὸς τὰς χορηγηθησομένας αὐξήσεις εἰς τοὺς μισθοὺς τῶν δημοσίων ὑπαλλήλων. Ἐν περιπτώσει ἀρνητικῆς ἀπαντήσεως θὰ κηρυχθῆ γενικὴ ἀπεργία εἰς ὅλας τὰς δημοσίας ὑπηρεσίας τῆς χώρας. Ὁ κ. πρόεδρος τῆς Ὁμοσπονδίας ἐδήλωσεν ὅτι οἱ ὑπάλληλοι ἀναμένουν τὴν δικαίαν ἱκανοποίησιν τῶν αἰτημάτων των, τὰ ὁποῖα ἔχουν ὑποβληθῆ ἀπὸ μακροῦ χρόνου εἰς τὸ ἁρμόδιον Ὑπουργεῖον Οἰκονομικῶν.

Ο ΔΙΑΓΩΝΙΣΜΟΣ ΠΡΟΣΛΗΨΕΩΣ ΕΚΤΑΚΤΩΝ

Ἡ Ἐκτελεστικὴ Ἐπιτροπὴ τῆς ΑΔΕΔΥ ἔλαβε χθὲς τὴν ἀπόφασιν νὰ ἀναμείνη τὴν ἀπάντησιν τῆς Κυβερνήσεως μέχρι τῆς προσεχοῦς Παρασκευῆς, ὡς πρὸς τὰς χορηγηθησομένας αὐξήσεις εἰς τοὺς μισθοὺς τῶν δημοσίων ὑπαλλήλων. Ἐν περιπτώσει ἀρνητικῆς ἀπαντήσεως θὰ κηρυχθῆ γενικὴ ἀπεργία εἰς ὅλας τὰς δημοσίας ὑπηρεσίας τῆς χώρας. Ὁ κ. πρόεδρος τῆς Ὁμοσπονδίας ἐδήλωσεν ὅτι οἱ ὑπάλληλοι ἀναμένουν τὴν δικαίαν ἱκανοποίησιν τῶν αἰτημάτων των, τὰ ὁποῖα ἔχουν ὑποβληθῆ ἀπὸ μακροῦ χρόνου εἰς τὸ ἁρμόδιον Ὑπουργεῖον Οἰκονομικῶν.

Ἡ Ἐκτελεστικὴ Ἐπιτροπὴ τῆς ΑΔΕΔΥ ἔλαβε χθὲς τὴν ἀπόφασιν νὰ ἀναμείνη τὴν ἀπάντησιν τῆς Κυβερνήσεως μέχρι τῆς προσεχοῦς Παρασκευῆς, ὡς πρὸς τὰς χορηγηθησομένας αὐξήσεις εἰς τοὺς μισθοὺς τῶν δημοσίων ὑπαλλήλων. Ἐν περιπτώσει ἀρνητικῆς ἀπαντήσεως θὰ κηρυχθῆ γενικὴ ἀπεργία εἰς ὅλας τὰς δημοσίας ὑπηρεσίας τῆς χώρας. Ὁ κ. πρόεδρος τῆς Ὁμοσπονδίας ἐδήλωσεν ὅτι οἱ ὑπάλληλοι ἀναμένουν τὴν δικαίαν ἱκανοποίησιν τῶν αἰτημάτων των, τὰ ὁποῖα ἔχουν ὑποβληθῆ ἀπὸ μακροῦ χρόνου εἰς τὸ ἁρμόδιον Ὑπουργεῖον Οἰκονομικῶν.

ΕΠΕΚΤΕΙΝΕΤΑΙ ΤΟ ΚΥΜΑ ΤΩΝ ΕΡΓΑΤΙΚΩΝ ΑΠΕΡΓΙΩΝ ΕΙΣ ΙΣΠΑΝΙΑΝ

Ἡ Ἐκτελεστικὴ Ἐπιτροπὴ τῆς ΑΔΕΔΥ ἔλαβε χθὲς τὴν ἀπόφασιν νὰ ἀναμείνη τὴν ἀπάντησιν τῆς Κυβερνήσεως μέχρι τῆς προσεχοῦς Παρασκευῆς, ὡς πρὸς τὰς χορηγηθησομένας αὐξήσεις εἰς τοὺς μισθοὺς τῶν δημοσίων ὑπαλλήλων. Ἐν περιπτώσει ἀρνητικῆς ἀπαντήσεως θὰ κηρυχθῆ γενικὴ ἀπεργία εἰς ὅλας τὰς δημοσίας ὑπηρεσίας τῆς χώρας. Ὁ κ. πρόεδρος τῆς Ὁμοσπονδίας ἐδήλωσεν ὅτι οἱ ὑπάλληλοι ἀναμένουν τὴν δικαίαν ἱκανοποίησιν τῶν αἰτημάτων των, τὰ ὁποῖα ἔχουν ὑποβληθῆ ἀπὸ μακροῦ χρόνου εἰς τὸ ἁρμόδιον Ὑπουργεῖον Οἰκονομικῶν.

Η ΕΡΕ ΑΥΤΟΔΙΑΛΥΕΤΑΙ

Ἡ Ἐκτελεστικὴ Ἐπιτροπὴ τῆς ΑΔΕΔΥ ἔλαβε χθὲς τὴν ἀπόφασιν νὰ ἀναμείνη τὴν ἀπάντησιν τῆς Κυβερνήσεως μέχρι τῆς προσεχοῦς Παρασκευῆς, ὡς πρὸς τὰς χορηγηθησομένας αὐξήσεις εἰς τοὺς μισθοὺς τῶν δημοσίων ὑπαλλήλων. Ἐν περιπτώσει ἀρνητικῆς ἀπαντήσεως θὰ κηρυχθῆ γενικὴ ἀπεργία εἰς ὅλας τὰς δημοσίας ὑπηρεσίας τῆς χώρας. Ὁ κ. πρόεδρος τῆς Ὁμοσπονδίας ἐδήλωσεν ὅτι οἱ ὑπάλληλοι ἀναμένουν τὴν δικαίαν ἱκανοποίησιν τῶν αἰτημάτων των, τὰ ὁποῖα ἔχουν ὑποβληθῆ ἀπὸ μακροῦ χρόνου εἰς τὸ ἁρμόδιον Ὑπουργεῖον Οἰκονομικῶν.

ΟΙ ΣΥΝΤΑΞΙΟΥΧΟΙ ΤΟΥ ΙΚΑ ΘΑ ΟΡΓΑΝΩΣΟΥΝ ΠΟΡΕΙΑΝ ΠΕΙΝΗΣ

Ἡ Ἐκτελεστικὴ Ἐπιτροπὴ τῆς ΑΔΕΔΥ ἔλαβε χθὲς τὴν ἀπόφασιν νὰ ἀναμείνη τὴν ἀπάντησιν τῆς Κυβερνήσεως μέχρι τῆς προσεχοῦς Παρασκευῆς, ὡς πρὸς τὰς χορηγηθησομένας αὐξήσεις εἰς τοὺς μισθοὺς τῶν δημοσίων ὑπαλλήλων. Ἐν περιπτώσει ἀρνητικῆς ἀπαντήσεως θὰ κηρυχθῆ γενικὴ ἀπεργία εἰς ὅλας τὰς δημοσίας ὑπηρεσίας τῆς χώρας. Ὁ κ. πρόεδρος τῆς Ὁμοσπονδίας ἐδήλωσεν ὅτι οἱ ὑπάλληλοι ἀναμένουν τὴν δικαίαν ἱκανοποίησιν τῶν αἰτημάτων των, τὰ ὁποῖα ἔχουν ὑποβληθῆ ἀπὸ μακροῦ χρόνου εἰς τὸ ἁρμόδιον Ὑπουργεῖον Οἰκονομικῶν.

ΜΝΗΜΟΣΥΝΟΝ ΤΟΥ ΧΑΡΙΛΑΟΥ ΤΡΙΚΟΥΠΗ

Ἡ Ἐκτελεστικὴ Ἐπιτροπὴ τῆς ΑΔΕΔΥ ἔλαβε χθὲς τὴν ἀπόφασιν νὰ ἀναμείνη τὴν ἀπάντησιν τῆς Κυβερνήσεως μέχρι τῆς προσεχοῦς Παρασκευῆς, ὡς πρὸς τὰς χορηγηθησομένας αὐξήσεις εἰς τοὺς μισθοὺς τῶν δημοσίων ὑπαλλήλων. Ἐν περιπτώσει ἀρνητικῆς ἀπαντήσεως θὰ κηρυχθῆ γενικὴ ἀπεργία εἰς ὅλας τὰς δημοσίας ὑπηρεσίας τῆς χώρας. Ὁ κ. πρόεδρος τῆς Ὁμοσπονδίας ἐδήλωσεν ὅτι οἱ ὑπάλληλοι ἀναμένουν τὴν δικαίαν ἱκανοποίησιν τῶν αἰτημάτων των, τὰ ὁποῖα ἔχουν ὑποβληθῆ ἀπὸ μακροῦ χρόνου εἰς τὸ ἁρμόδιον Ὑπουργεῖον Οἰκονομικῶν.

ΛΥΣΕΙΣ ΤΑΧΥΔΡΟΜΙΚΩΝ ΤΕΛΩΝ ΛΟΓΩ ΤΩΝ ΕΟΡΤΩΝ

Ἡ Ἐκτελεστικὴ Ἐπιτροπὴ τῆς ΑΔΕΔΥ ἔλαβε χθὲς τὴν ἀπόφασιν νὰ ἀναμείνη τὴν ἀπάντησιν τῆς Κυβερνήσεως μέχρι τῆς προσεχοῦς Παρασκευῆς, ὡς πρὸς τὰς χορηγηθησομένας αὐξήσεις εἰς τοὺς μισθοὺς τῶν δημοσίων ὑπαλλήλων. Ἐν περιπτώσει ἀρνητικῆς ἀπαντήσεως θὰ κηρυχθῆ γενικὴ ἀπεργία εἰς ὅλας τὰς δημοσίας ὑπηρεσίας τῆς χώρας. Ὁ κ. πρόεδρος τῆς Ὁμοσπονδίας ἐδήλωσεν ὅτι οἱ ὑπάλληλοι ἀναμένουν τὴν δικαίαν ἱκανοποίησιν τῶν αἰτημάτων των, τὰ ὁποῖα ἔχουν ὑποβληθῆ ἀπὸ μακροῦ χρόνου εἰς τὸ ἁρμόδιον Ὑπουργεῖον Οἰκονομικῶν.

ΘΑ ΔΙΕΞΑΧΘΟΥΝ ΕΙΣ ΔΙΚΗΝ ΟΙ ΔΗΜΟΔΙΔΑΣΚΑΛΟΙ ΑΓΥΙΑΣ ΔΙΟΤΙ ΑΠΗΡΓΗΣΑΝ!

Ἡ Ἐκτελεστικὴ Ἐπιτροπὴ τῆς ΑΔΕΔΥ ἔλαβε χθὲς τὴν ἀπόφασιν νὰ ἀναμείνη τὴν ἀπάντησιν τῆς Κυβερνήσεως μέχρι τῆς προσεχοῦς Παρασκευῆς, ὡς πρὸς τὰς χορηγηθησομένας αὐξήσεις εἰς τοὺς μισθοὺς τῶν δημοσίων ὑπαλλήλων. Ἐν περιπτώσει ἀρνητικῆς ἀπαντήσεως θὰ κηρυχθῆ γενικὴ ἀπεργία εἰς ὅλας τὰς δημοσίας ὑπηρεσίας τῆς χώρας. Ὁ κ. πρόεδρος τῆς Ὁμοσπονδίας ἐδήλωσεν ὅτι οἱ ὑπάλληλοι ἀναμένουν τὴν δικαίαν ἱκανοποίησιν τῶν αἰτημάτων των, τὰ ὁποῖα ἔχουν ὑποβληθῆ ἀπὸ μακροῦ χρόνου εἰς τὸ ἁρμόδιον Ὑπουργεῖον Οἰκονομικῶν.

ΑΝΑΒΟΛΗ ΤΑΚΤΟΠΟΙΗΣΕΩΣ ΦΟΙΤΗΤΙΚΗΣ ΕΣΤΙΑΣ

Ἡ Ἐκτελεστικὴ Ἐπιτροπὴ τῆς ΑΔΕΔΥ ἔλαβε χθὲς τὴν ἀπόφασιν νὰ ἀναμείνη τὴν ἀπάντησιν τῆς Κυβερνήσεως μέχρι τῆς προσεχοῦς Παρασκευῆς, ὡς πρὸς τὰς χορηγηθησομένας αὐξήσεις εἰς τοὺς μισθοὺς τῶν δημοσίων ὑπαλλήλων. Ἐν περιπτώσει ἀρνητικῆς ἀπαντήσεως θὰ κηρυχθῆ γενικὴ ἀπεργία εἰς ὅλας τὰς δημοσίας ὑπηρεσίας τῆς χώρας. Ὁ κ. πρόεδρος τῆς Ὁμοσπονδίας ἐδήλωσεν ὅτι οἱ ὑπάλληλοι ἀναμένουν τὴν δικαίαν ἱκανοποίησιν τῶν αἰτημάτων των, τὰ ὁποῖα ἔχουν ὑποβληθῆ ἀπὸ μακροῦ χρόνου εἰς τὸ ἁρμόδιον Ὑπουργεῖον Οἰκονομικῶν.

ΑΡΧΗΓΟΣ ΤΗΣ ΕΙΣ ΤΗΝ ΕΛΛΑΔΑ ΑΜΕΡΙΚΑΝΙΚΗΣ ΟΙΚΟΝΟΜΙΚΗΣ ΑΠΟΣΤΟΛΗΣ

Ἡ Ἐκτελεστικὴ Ἐπιτροπὴ τῆς ΑΔΕΔΥ ἔλαβε χθὲς τὴν ἀπόφασιν νὰ ἀναμείνη τὴν ἀπάντησιν τῆς Κυβερνήσεως μέχρι τῆς προσεχοῦς Παρασκευῆς, ὡς πρὸς τὰς χορηγηθησομένας αὐξήσεις εἰς τοὺς μισθοὺς τῶν δημοσίων ὑπαλλήλων. Ἐν περιπτώσει ἀρνητικῆς ἀπαντήσεως θὰ κηρυχθῆ γενικὴ ἀπεργία εἰς ὅλας τὰς δημοσίας ὑπηρεσίας τῆς χώρας. Ὁ κ. πρόεδρος τῆς Ὁμοσπονδίας ἐδήλωσεν ὅτι οἱ ὑπάλληλοι ἀναμένουν τὴν δικαίαν ἱκανοποίησιν τῶν αἰτημάτων των, τὰ ὁποῖα ἔχουν ὑποβληθῆ ἀπὸ μακροῦ χρόνου εἰς τὸ ἁρμόδιον Ὑπουργεῖον Οἰκονομικῶν.

Η ΠΡΟΜΗΘΕΙΑ ΜΑΛΛΙΝΩΝ ΥΦΑΣΜΑΤΩΝ ΤΩΝ ΕΝΟΠΛΩΝ ΔΥΝΑΜΕΩΝ

Ἡ Ἐκτελεστικὴ Ἐπιτροπὴ τῆς ΑΔΕΔΥ ἔλαβε χθὲς τὴν ἀπόφασιν νὰ ἀναμείνη τὴν ἀπάντησιν τῆς Κυβερνήσεως μέχρι τῆς προσεχοῦς Παρασκευῆς, ὡς πρὸς τὰς χορηγηθησομένας αὐξήσεις εἰς τοὺς μισθοὺς τῶν δημοσίων ὑπαλλήλων. Ἐν περιπτώσει ἀρνητικῆς ἀπαντήσεως θὰ κηρυχθῆ γενικὴ ἀπεργία εἰς ὅλας τὰς δημοσίας ὑπηρεσίας τῆς χώρας. Ὁ κ. πρόεδρος τῆς Ὁμοσπονδίας ἐδήλωσεν ὅτι οἱ ὑπάλληλοι ἀναμένουν τὴν δικαίαν ἱκανοποίησιν τῶν αἰτημάτων των, τὰ ὁποῖα ἔχουν ὑποβληθῆ ἀπὸ μακροῦ χρόνου εἰς τὸ ἁρμόδιον Ὑπουργεῖον Οἰκονομικῶν.

Ο ΚΑΙΡΟΣ

Ἡ Ἐκτελεστικὴ Ἐπιτροπὴ τῆς ΑΔΕΔΥ ἔλαβε χθὲς τὴν ἀπόφασιν νὰ ἀναμείνη τὴν ἀπάντησιν τῆς Κυβερνήσεως μέχρι τῆς προσεχοῦς Παρασκευῆς, ὡς πρὸς τὰς χορηγηθησομένας αὐξήσεις εἰς τοὺς μισθοὺς τῶν δημοσίων ὑπαλλήλων. Ἐν περιπτώσει ἀρνητικῆς ἀπαντήσεως θὰ κηρυχθῆ γενικὴ ἀπεργία εἰς ὅλας τὰς δημοσίας ὑπηρεσίας τῆς χώρας. Ὁ κ. πρόεδρος τῆς Ὁμοσπονδίας ἐδήλωσεν ὅτι οἱ ὑπάλληλοι ἀναμένουν τὴν δικαίαν ἱκανοποίησιν τῶν αἰτημάτων των, τὰ ὁποῖα ἔχουν ὑποβληθῆ ἀπὸ μακροῦ χρόνου εἰς τὸ ἁρμόδιον Ὑπουργεῖον Οἰκονομικῶν.

ΟΙ ΠΕΡΙΦΕΡΕΙΑΚΟΙ ΣΧΟΛΙΚΟΙ ΑΓΩΝΕΣ

Ἡ Ἐκτελεστικὴ Ἐπιτροπὴ τῆς ΑΔΕΔΥ ἔλαβε χθὲς τὴν ἀπόφασιν νὰ ἀναμείνη τὴν ἀπάντησιν τῆς Κυβερνήσεως μέχρι τῆς προσεχοῦς Παρασκευῆς, ὡς πρὸς τὰς χορηγηθησομένας αὐξήσεις εἰς τοὺς μισθοὺς τῶν δημοσίων ὑπαλλήλων. Ἐν περιπτώσει ἀρνητικῆς ἀπαντήσεως θὰ κηρυχθῆ γενικὴ ἀπεργία εἰς ὅλας τὰς δημοσίας ὑπηρεσίας τῆς χώρας. Ὁ κ. πρόεδρος τῆς Ὁμοσπονδίας ἐδήλωσεν ὅτι οἱ ὑπάλληλοι ἀναμένουν τὴν δικαίαν ἱκανοποίησιν τῶν αἰτημάτων των, τὰ ὁποῖα ἔχουν ὑποβληθῆ ἀπὸ μακροῦ χρόνου εἰς τὸ ἁρμόδιον Ὑπουργεῖον Οἰκονομικῶν.

ΕΚΛΟΓΙΚΗ ΗΡΑΚΛΕΙΟΥ

Ἡ Ἐκτελεστικὴ Ἐπιτροπὴ τῆς ΑΔΕΔΥ ἔλαβε χθὲς τὴν ἀπόφασιν νὰ ἀναμείνη τὴν ἀπάντησιν τῆς Κυβερνήσεως μέχρι τῆς προσεχοῦς Παρασκευῆς, ὡς πρὸς τὰς χορηγηθησομένας αὐξήσεις εἰς τοὺς μισθοὺς τῶν δημοσίων ὑπαλλήλων. Ἐν περιπτώσει ἀρνητικῆς ἀπαντήσεως θὰ κηρυχθῆ γενικὴ ἀπεργία εἰς ὅλας τὰς δημοσίας ὑπηρεσίας τῆς χώρας. Ὁ κ. πρόεδρος τῆς Ὁμοσπονδίας ἐδήλωσεν ὅτι οἱ ὑπάλληλοι ἀναμένουν τὴν δικαίαν ἱκανοποίησιν τῶν αἰτημάτων των, τὰ ὁποῖα ἔχουν ὑποβληθῆ ἀπὸ μακροῦ χρόνου εἰς τὸ ἁρμόδιον Ὑπουργεῖον Οἰκονομικῶν.

ΣΥΝΕΔΡΙΑΣΙΣ ΓΥΝΑΙΚΩΝ

Ἡ Ἐκτελεστικὴ Ἐπιτροπὴ τῆς ΑΔΕΔΥ ἔλαβε χθὲς τὴν ἀπόφασιν νὰ ἀναμείνη τὴν ἀπάντησιν τῆς Κυβερνήσεως μέχρι τῆς προσεχοῦς Παρασκευῆς, ὡς πρὸς τὰς χορηγηθησομένας αὐξήσεις εἰς τοὺς μισθοὺς τῶν δημοσίων ὑπαλλήλων. Ἐν περιπτώσει ἀρνητικῆς ἀπαντήσεως θὰ κηρυχθῆ γενικὴ ἀπεργία εἰς ὅλας τὰς δημοσίας ὑπηρεσίας τῆς χώρας. Ὁ κ. πρόεδρος τῆς Ὁμοσπονδίας ἐδήλωσεν ὅτι οἱ ὑπάλληλοι ἀναμένουν τὴν δικαίαν ἱκανοποίησιν τῶν αἰτημάτων των, τὰ ὁποῖα ἔχουν ὑποβληθῆ ἀπὸ μακροῦ χρόνου εἰς τὸ ἁρμόδιον Ὑπουργεῖον Οἰκονομικῶν.

ΕΚΛΟΓΙΚΑ ΦΘΙΩΤΙΔΟΣ

Ἡ Ἐκτελεστικὴ Ἐπιτροπὴ τῆς ΑΔΕΔΥ ἔλαβε χθὲς τὴν ἀπόφασιν νὰ ἀναμείνη τὴν ἀπάντησιν τῆς Κυβερνήσεως μέχρι τῆς προσεχοῦς Παρασκευῆς, ὡς πρὸς τὰς χορηγηθησομένας αὐξήσεις εἰς τοὺς μισθοὺς τῶν δημοσίων ὑπαλλήλων. Ἐν περιπτώσει ἀρνητικῆς ἀπαντήσεως θὰ κηρυχθῆ γενικὴ ἀπεργία εἰς ὅλας τὰς δημοσίας ὑπηρεσίας τῆς χώρας. Ὁ κ. πρόεδρος τῆς Ὁμοσπονδίας ἐδήλωσεν ὅτι οἱ ὑπάλληλοι ἀναμένουν τὴν δικαίαν ἱκανοποίησιν τῶν αἰτημάτων των, τὰ ὁποῖα ἔχουν ὑποβληθῆ ἀπὸ μακροῦ χρόνου εἰς τὸ ἁρμόδιον Ὑπουργεῖον Οἰκονομικῶν.

Ἡ Ἐκτελεστικὴ Ἐπιτροπὴ τῆς ΑΔΕΔΥ ἔλαβε χθὲς τὴν ἀπόφασιν νὰ ἀναμείνη τὴν ἀπάντησιν τῆς Κυβερνήσεως μέχρι τῆς προσεχοῦς Παρασκευῆς, ὡς πρὸς τὰς χορηγηθησομένας αὐξήσεις εἰς τοὺς μισθοὺς τῶν δημοσίων ὑπαλλήλων. Ἐν περιπτώσει ἀρνητικῆς ἀπαντήσεως θὰ κηρυχθῆ γενικὴ ἀπεργία εἰς ὅλας τὰς δημοσίας ὑπηρεσίας τῆς χώρας. Ὁ κ. πρόεδρος τῆς Ὁμοσπονδίας ἐδήλωσεν ὅτι οἱ ὑπάλληλοι ἀναμένουν τὴν δικαίαν ἱκανοποίησιν τῶν αἰτημάτων των, τὰ ὁποῖα ἔχουν ὑποβληθῆ ἀπὸ μακροῦ χρόνου εἰς τὸ ἁρμόδιον Ὑπουργεῖον Οἰκονομικῶν.

Η ΓΙΟΥΓΚΟΣΛΑΒΙΑ ΑΝΕΚΟΙΝΩΣΕ ΧΘΕΣ ΟΤΙ ΘΑ ΠΡΟΣΦΥΓΗ ΕΙΣ ΤΑ ΗΝ. ΕΘΝΗ ΔΙΑ ΝΑ ΑΠΟΤΡΕΨΗ ΤΟΝ ΑΤΟΜΙΚΟΝ ΕΞΟΠΛΙΣΜΟΝ ΤΗΣ ΔΥΤ. ΓΕΡΜΑΝΙΑΣ

Ἡ Ἐκτελεστικὴ Ἐπιτροπὴ τῆς ΑΔΕΔΥ ἔλαβε χθὲς τὴν ἀπόφασιν νὰ ἀναμείνη τὴν ἀπάντησιν τῆς Κυβερνήσεως μέχρι τῆς προσεχοῦς Παρασκευῆς, ὡς πρὸς τὰς χορηγηθησομένας αὐξήσεις εἰς τοὺς μισθοὺς τῶν δημοσίων ὑπαλλήλων. Ἐν περιπτώσει ἀρνητικῆς ἀπαντήσεως θὰ κηρυχθῆ γενικὴ ἀπεργία εἰς ὅλας τὰς δημοσίας ὑπηρεσίας τῆς χώρας. Ὁ κ. πρόεδρος τῆς Ὁμοσπονδίας ἐδήλωσεν ὅτι οἱ ὑπάλληλοι ἀναμένουν τὴν δικαίαν ἱκανοποίησιν τῶν αἰτημάτων των, τὰ ὁποῖα ἔχουν ὑποβληθῆ ἀπὸ μακροῦ χρόνου εἰς τὸ ἁρμόδιον Ὑπουργεῖον Οἰκονομικῶν.

Ἡ Ἐκτελεστικὴ Ἐπιτροπὴ τῆς ΑΔΕΔΥ ἔλαβε χθὲς τὴν ἀπόφασιν νὰ ἀναμείνη τὴν ἀπάντησιν τῆς Κυβερνήσεως μέχρι τῆς προσεχοῦς Παρασκευῆς, ὡς πρὸς τὰς χορηγηθησομένας αὐξήσεις εἰς τοὺς μισθοὺς τῶν δημοσίων ὑπαλλήλων. Ἐν περιπτώσει ἀρνητικῆς ἀπαντήσεως θὰ κηρυχθῆ γενικὴ ἀπεργία εἰς ὅλας τὰς δημοσίας ὑπηρεσίας τῆς χώρας. Ὁ κ. πρόεδρος τῆς Ὁμοσπονδίας ἐδήλωσεν ὅτι οἱ ὑπάλληλοι ἀναμένουν τὴν δικαίαν ἱκανοποίησιν τῶν αἰτημάτων των, τὰ ὁποῖα ἔχουν ὑποβληθῆ ἀπὸ μακροῦ χρόνου εἰς τὸ ἁρμόδιον Ὑπουργεῖον Οἰκονομικῶν.

ΑΜΕΡΙΚΑΝΙΚΟΙ ΠΥΡΑΥΛΟΙ ΕΓΚΑΤΕΣΤΑΘΗΣΑΝ ΕΙΣ ΓΕΡΜΑΝΙΑΝ

Ἡ Ἐκτελεστικὴ Ἐπιτροπὴ τῆς ΑΔΕΔΥ ἔλαβε χθὲς τὴν ἀπόφασιν νὰ ἀναμείνη τὴν ἀπάντησιν τῆς Κυβερνήσεως μέχρι τῆς προσεχοῦς Παρασκευῆς, ὡς πρὸς τὰς χορηγηθησομένας αὐξήσεις εἰς τοὺς μισθοὺς τῶν δημοσίων ὑπαλλήλων. Ἐν περιπτώσει ἀρνητικῆς ἀπαντήσεως θὰ κηρυχθῆ γενικὴ ἀπεργία εἰς ὅλας τὰς δημοσίας ὑπηρεσίας τῆς χώρας. Ὁ κ. πρόεδρος τῆς Ὁμοσπονδίας ἐδήλωσεν ὅτι οἱ ὑπάλληλοι ἀναμένουν τὴν δικαίαν ἱκανοποίησιν τῶν αἰτημάτων των, τὰ ὁποῖα ἔχουν ὑποβληθῆ ἀπὸ μακροῦ χρόνου εἰς τὸ ἁρμόδιον Ὑπουργεῖον Οἰκονομικῶν.

ΕΤΕΡΜΑΤΙΣΘΗ ΑΠΟ ΧΘΕΣ Η ΧΟΡΗΓΗΣΙΣ ΑΜΕΡΙΚΑΝΙΚΗΣ ΣΤΡΑΤΙΩΤΙΚΗΣ ΒΟΗΘΕΙΑΣ ΕΙΣ ΤΗΝ ΓΙΟΥΓΚΟΣΛΑΒΙΑΝ

Ἡ Ἐκτελεστικὴ Ἐπιτροπὴ τῆς ΑΔΕΔΥ ἔλαβε χθὲς τὴν ἀπόφασιν νὰ ἀναμείνη τὴν ἀπάντησιν τῆς Κυβερνήσεως μέχρι τῆς προσεχοῦς Παρασκευῆς, ὡς πρὸς τὰς χορηγηθησομένας αὐξήσεις εἰς τοὺς μισθοὺς τῶν δημοσίων ὑπαλλήλων. Ἐν περιπτώσει ἀρνητικῆς ἀπαντήσεως θὰ κηρυχθῆ γενικὴ ἀπεργία εἰς ὅλας τὰς δημοσίας ὑπηρεσίας τῆς χώρας. Ὁ κ. πρόεδρος τῆς Ὁμοσπονδίας ἐδήλωσεν ὅτι οἱ ὑπάλληλοι ἀναμένουν τὴν δικαίαν ἱκανοποίησιν τῶν αἰτημάτων των, τὰ ὁποῖα ἔχουν ὑποβληθῆ ἀπὸ μακροῦ χρόνου εἰς τὸ ἁρμόδιον Ὑπουργεῖον Οἰκονομικῶν.

Ἡ Ἐκτελεστικὴ Ἐπιτροπὴ τῆς ΑΔΕΔΥ ἔλαβε χθὲς τὴν ἀπόφασιν νὰ ἀναμείνη τὴν ἀπάντησιν τῆς Κυβερνήσεως μέχρι τῆς προσεχοῦς Παρασκευῆς, ὡς πρὸς τὰς χορηγηθησομένας αὐξήσεις εἰς τοὺς μισθοὺς τῶν δημοσίων ὑπαλλήλων. Ἐν περιπτώσει ἀρνητικῆς ἀπαντήσεως θὰ κηρυχθῆ γενικὴ ἀπεργία εἰς ὅλας τὰς δημοσίας ὑπηρεσίας τῆς χώρας. Ὁ κ. πρόεδρος τῆς Ὁμοσπονδίας ἐδήλωσεν ὅτι οἱ ὑπάλληλοι ἀναμένουν τὴν δικαίαν ἱκανοποίησιν τῶν αἰτημάτων των, τὰ ὁποῖα ἔχουν ὑποβληθῆ ἀπὸ μακροῦ χρόνου εἰς τὸ ἁρμόδιον Ὑπουργεῖον Οἰκονομικῶν.

ΤΟ ΦΟΡΟΛΟΓΙΚΟΝ ΚΑΙ ΠΙΣΤΩΤΙΚΟΝ ΚΥΡΙΑ ΘΕΜΑΤΑ ΤΗΣ ΓΕΝ. ΣΥΝΕΛΕΥΣΕΩΣ ΤΟΥ ΕΜΠΟΡΙΚΟΥ ΣΥΛΛΟΓΟΥ

Ἡ Ἐκτελεστικὴ Ἐπιτροπὴ τῆς ΑΔΕΔΥ ἔλαβε χθὲς τὴν ἀπόφασιν νὰ ἀναμείνη τὴν ἀπάντησιν τῆς Κυβερνήσεως μέχρι τῆς προσεχοῦς Παρασκευῆς, ὡς πρὸς τὰς χορηγηθησομένας αὐξήσεις εἰς τοὺς μισθοὺς τῶν δημοσίων ὑπαλλήλων. Ἐν περιπτώσει ἀρνητικῆς ἀπαντήσεως θὰ κηρυχθῆ γενικὴ ἀπεργία εἰς ὅλας τὰς δημοσίας ὑπηρεσίας τῆς χώρας. Ὁ κ. πρόεδρος τῆς Ὁμοσπονδίας ἐδήλωσεν ὅτι οἱ ὑπάλληλοι ἀναμένουν τὴν δικαίαν ἱκανοποίησιν τῶν αἰτημάτων των, τὰ ὁποῖα ἔχουν ὑποβληθῆ ἀπὸ μακροῦ χρόνου εἰς τὸ ἁρμόδιον Ὑπουργεῖον Οἰκονομικῶν.

Ἡ Ἐκτελεστικὴ Ἐπιτροπὴ τῆς ΑΔΕΔΥ ἔλαβε χθὲς τὴν ἀπόφασιν νὰ ἀναμείνη τὴν ἀπάντησιν τῆς Κυβερνήσεως μέχρι τῆς προσεχοῦς Παρασκευῆς, ὡς πρὸς τὰς χορηγηθησομένας αὐξήσεις εἰς τοὺς μισθοὺς τῶν δημοσίων ὑπαλλήλων. Ἐν περιπτώσει ἀρνητικῆς ἀπαντήσεως θὰ κηρυχθῆ γενικὴ ἀπεργία εἰς ὅλας τὰς δημοσίας ὑπηρεσίας τῆς χώρας. Ὁ κ. πρόεδρος τῆς Ὁμοσπονδίας ἐδήλωσεν ὅτι οἱ ὑπάλληλοι ἀναμένουν τὴν δικαίαν ἱκανοποίησιν τῶν αἰτημάτων των, τὰ ὁποῖα ἔχουν ὑποβληθῆ ἀπὸ μακροῦ χρόνου εἰς τὸ ἁρμόδιον Ὑπουργεῖον Οἰκονομικῶν.

ΟΙ ΕΛΛΗΝΕΣ ΕΦΟΠΛΙΣΤΑΙ ΕΠΙΔΙΩΚΟΥΝ ΣΥΝΕΡΓΑΣΙΑΝ ΜΕΤΑ ΤΩΝ ΑΓΓΛΩΝ ΚΑΤΑ ΤΗΣ ΠΤΩΣΕΩΣ ΤΩΝ ΝΑΥΛΩΝ

Ἡ Ἐκτελεστικὴ Ἐπιτροπὴ τῆς ΑΔΕΔΥ ἔλαβε χθὲς τὴν ἀπόφασιν νὰ ἀναμείνη τὴν ἀπάντησιν τῆς Κυβερνήσεως μέχρι τῆς προσεχοῦς Παρασκευῆς, ὡς πρὸς τὰς χορηγηθησομένας αὐξήσεις εἰς τοὺς μισθοὺς τῶν δημοσίων ὑπαλλήλων. Ἐν περιπτώσει ἀρνητικῆς ἀπαντήσεως θὰ κηρυχθῆ γενικὴ ἀπεργία εἰς ὅλας τὰς δημοσίας ὑπηρεσίας τῆς χώρας. Ὁ κ. πρόεδρος τῆς Ὁμοσπονδίας ἐδήλωσεν ὅτι οἱ ὑπάλληλοι ἀναμένουν τὴν δικαίαν ἱκανοποίησιν τῶν αἰτημάτων των, τὰ ὁποῖα ἔχουν ὑποβληθῆ ἀπὸ μακροῦ χρόνου εἰς τὸ ἁρμόδιον Ὑπουργεῖον Οἰκονομικῶν.

Ἡ Ἐκτελεστικὴ Ἐπιτροπὴ τῆς ΑΔΕΔΥ ἔλαβε χθὲς τὴν ἀπόφασιν νὰ ἀναμείνη τὴν ἀπάντησιν τῆς Κυβερνήσεως μέχρι τῆς προσεχοῦς Παρασκευῆς, ὡς πρὸς τὰς χορηγηθησομένας αὐξήσεις εἰς τοὺς μισθοὺς τῶν δημοσίων ὑπαλλήλων. Ἐν περιπτώσει ἀρνητικῆς ἀπαντήσεως θὰ κηρυχθῆ γενικὴ ἀπεργία εἰς ὅλας τὰς δημοσίας ὑπηρεσίας τῆς χώρας. Ὁ κ. πρόεδρος τῆς Ὁμοσπονδίας ἐδήλωσεν ὅτι οἱ ὑπάλληλοι ἀναμένουν τὴν δικαίαν ἱκανοποίησιν τῶν αἰτημάτων των, τὰ ὁποῖα ἔχουν ὑποβληθῆ ἀπὸ μακροῦ χρόνου εἰς τὸ ἁρμόδιον Ὑπουργεῖον Οἰκονομικῶν.

Ἡ Ἐκτελεστικὴ Ἐπιτροπὴ τῆς ΑΔΕΔΥ ἔλαβε χθὲς τὴν ἀπόφασιν νὰ ἀναμείνη τὴν ἀπάντησιν τῆς Κυβερνήσεως μέχρι τῆς προσεχοῦς Παρασκευῆς, ὡς πρὸς τὰς χορηγηθησομένας αὐξήσεις εἰς τοὺς μισθοὺς τῶν δημοσίων ὑπαλλήλων. Ἐν περιπτώσει ἀρνητικῆς ἀπαντήσεως θὰ κηρυχθῆ γενικὴ ἀπεργία εἰς ὅλας τὰς δημοσίας ὑπηρεσίας τῆς χώρας. Ὁ κ. πρόεδρος τῆς Ὁμοσπονδίας ἐδήλωσεν ὅτι οἱ ὑπάλληλοι ἀναμένουν τὴν δικαίαν ἱκανοποίησιν τῶν αἰτημάτων των, τὰ ὁποῖα ἔχουν ὑποβληθῆ ἀπὸ μακροῦ χρόνου εἰς τὸ ἁρμόδιον Ὑπουργεῖον Οἰκονομικῶν.

ΕΔΙΚΑΙΩΘΗ ΥΠΟ ΑΜΕΡΙΚΑΝΙΚΟΥ ΔΙΚΑΣΤΗΡΙΟΥ ΕΛΛΗΝ ΝΑΥΤΕΡΓΑΤΗΣ ΛΙΒΕΡΙΑΝΟΥ ΣΚΑΦΟΥΣ

Ἡ Ἐκτελεστικὴ Ἐπιτροπὴ τῆς ΑΔΕΔΥ ἔλαβε χθὲς τὴν ἀπόφασιν νὰ ἀναμείνη τὴν ἀπάντησιν τῆς Κυβερνήσεως μέχρι τῆς προσεχοῦς Παρασκευῆς, ὡς πρὸς τὰς χορηγηθησομένας αὐξήσεις εἰς τοὺς μισθοὺς τῶν δημοσίων ὑπαλλήλων. Ἐν περιπτώσει ἀρνητικῆς ἀπαντήσεως θὰ κηρυχθῆ γενικὴ ἀπεργία εἰς ὅλας τὰς δημοσίας ὑπηρεσίας τῆς χώρας. Ὁ κ. πρόεδρος τῆς Ὁμοσπονδίας ἐδήλωσεν ὅτι οἱ ὑπάλληλοι ἀναμένουν τὴν δικαίαν ἱκανοποίησιν τῶν αἰτημάτων των, τὰ ὁποῖα ἔχουν ὑποβληθῆ ἀπὸ μακροῦ χρόνου εἰς τὸ ἁρμόδιον Ὑπουργεῖον Οἰκονομικῶν.

Ἡ Ἐκτελεστικὴ Ἐπιτροπὴ τῆς ΑΔΕΔΥ ἔλαβε χθὲς τὴν ἀπόφασιν νὰ ἀναμείνη τὴν ἀπάντησιν τῆς Κυβερνήσεως μέχρι τῆς προσεχοῦς Παρασκευῆς, ὡς πρὸς τὰς χορηγηθησομένας αὐξήσεις εἰς τοὺς μισθοὺς τῶν δημοσίων ὑπαλλήλων. Ἐν περιπτώσει ἀρνητικῆς ἀπαντήσεως θὰ κηρυχθῆ γενικὴ ἀπεργία εἰς ὅλας τὰς δημοσίας ὑπηρεσίας τῆς χώρας. Ὁ κ. πρόεδρος τῆς Ὁμοσπονδίας ἐδήλωσεν ὅτι οἱ ὑπάλληλοι ἀναμένουν τὴν δικαίαν ἱκανοποίησιν τῶν αἰτημάτων των, τὰ ὁποῖα ἔχουν ὑποβληθῆ ἀπὸ μακροῦ χρόνου εἰς τὸ ἁρμόδιον Ὑπουργεῖον Οἰκονομικῶν.

ΑΠΑΓΟΡΕΥΕΤΑΙ Η ΛΗΨΙΣ ΕΚ ΜΕΡΟΥΣ ΥΠΑΛΛΗΛΟΥ ΜΗΝΙΑΙΩΝ ΑΠΟΔΟΧΩΝ ΑΝΩΤΕΡΩΝ ΤΟΥ ΠΡΩΘΥΠΟΥΡΓΟΥ

Ἡ Ἐκτελεστικὴ Ἐπιτροπὴ τῆς ΑΔΕΔΥ ἔλαβε χθὲς τὴν ἀπόφασιν νὰ ἀναμείνη τὴν ἀπάντησιν τῆς Κυβερνήσεως μέχρι τῆς προσεχοῦς Παρασκευῆς, ὡς πρὸς τὰς χορηγηθησομένας αὐξήσεις εἰς τοὺς μισθοὺς τῶν δημοσίων ὑπαλλήλων. Ἐν περιπτώσει ἀρνητικῆς ἀπαντήσεως θὰ κηρυχθῆ γενικὴ ἀπεργία εἰς ὅλας τὰς δημοσίας ὑπηρεσίας τῆς χώρας. Ὁ κ. πρόεδρος τῆς Ὁμοσπονδίας ἐδήλωσεν ὅτι οἱ ὑπάλληλοι ἀναμένουν τὴν δικαίαν ἱκανοποίησιν τῶν αἰτημάτων των, τὰ ὁποῖα ἔχουν ὑποβληθῆ ἀπὸ μακροῦ χρόνου εἰς τὸ ἁρμόδιον Ὑπουργεῖον Οἰκονομικῶν.

ΑΙ ΒΕΒΑΙΩΣΕΙΣ ΤΟΥ ΦΟΡΟΥ ΕΙΣΟΔΗΜΑΤΟΣ

Ἡ Ἐκτελεστικὴ Ἐπιτροπὴ τῆς ΑΔΕΔΥ ἔλαβε χθὲς τὴν ἀπόφασιν νὰ ἀναμείνη τὴν ἀπάντησιν τῆς Κυβερνήσεως μέχρι τῆς προσεχοῦς Παρασκευῆς, ὡς πρὸς τὰς χορηγηθησομένας αὐξήσεις εἰς τοὺς μισθοὺς τῶν δημοσίων ὑπαλλήλων. Ἐν περιπτώσει ἀρνητικῆς ἀπαντήσεως θὰ κηρυχθῆ γενικὴ ἀπεργία εἰς ὅλας τὰς δημοσίας ὑπηρεσίας τῆς χώρας. Ὁ κ. πρόεδρος τῆς Ὁμοσπονδίας ἐδήλωσεν ὅτι οἱ ὑπάλληλοι ἀναμένουν τὴν δικαίαν ἱκανοποίησιν τῶν αἰτημάτων των, τὰ ὁποῖα ἔχουν ὑποβληθῆ ἀπὸ μακροῦ χρόνου εἰς τὸ ἁρμόδιον Ὑπουργεῖον Οἰκονομικῶν.

Ἡ Ἐκτελεστικὴ Ἐπιτροπὴ τῆς ΑΔΕΔΥ ἔλαβε χθὲς τὴν ἀπόφασιν νὰ ἀναμείνη τὴν ἀπάντησιν τῆς Κυβερνήσεως μέχρι τῆς προσεχοῦς Παρασκευῆς, ὡς πρὸς τὰς χορηγηθησομένας αὐξήσεις εἰς τοὺς μισθοὺς τῶν δημοσίων ὑπαλλήλων. Ἐν περιπτώσει ἀρνητικῆς ἀπαντήσεως θὰ κηρυχθῆ γενικὴ ἀπεργία εἰς ὅλας τὰς δημοσίας ὑπηρεσίας τῆς χώρας. Ὁ κ. πρόεδρος τῆς Ὁμοσπονδίας ἐδήλωσεν ὅτι οἱ ὑπάλληλοι ἀναμένουν τὴν δικαίαν ἱκανοποίησιν τῶν αἰτημάτων των, τὰ ὁποῖα ἔχουν ὑποβληθῆ ἀπὸ μακροῦ χρόνου εἰς τὸ ἁρμόδιον Ὑπουργεῖον Οἰκονομικῶν.

Ο Κ. ΒΕΝΙΖΕΛΟΣ ΑΝΑΧΩΡΕΙ ΔΙΑ ΤΟ ΜΝΗΜΟΣΥΝΟΝ ΤΟΥ ΠΑΤΡΟΣ ΤΟΥ ΕΙΣ ΧΑΝΙΑ

Ἡ Ἐκτελεστικὴ Ἐπιτροπὴ τῆς ΑΔΕΔΥ ἔλαβε χθὲς τὴν ἀπόφασιν νὰ ἀναμείνη τὴν ἀπάντησιν τῆς Κυβερνήσεως μέχρι τῆς προσεχοῦς Παρασκευῆς, ὡς πρὸς τὰς χορηγηθησομένας αὐξήσεις εἰς τοὺς μισθοὺς τῶν δημοσίων ὑπαλλήλων. Ἐν περιπτώσει ἀρνητικῆς ἀπαντήσεως θὰ κηρυχθῆ γενικὴ ἀπεργία εἰς ὅλας τὰς δημοσίας ὑπηρεσίας τῆς χώρας. Ὁ κ. πρόεδρος τῆς Ὁμοσπονδίας ἐδήλωσεν ὅτι οἱ ὑπάλληλοι ἀναμένουν τὴν δικαίαν ἱκανοποίησιν τῶν αἰτημάτων των, τὰ ὁποῖα ἔχουν ὑποβληθῆ ἀπὸ μακροῦ χρόνου εἰς τὸ ἁρμόδιον Ὑπουργεῖον Οἰκονομικῶν.

ΑΝΕΣΤΑΛΗ Η ΤΡΙΗΜΕΡΟΣ ΑΠΕΡΓΙΑ ΕΙΣ ΤΟΝ ΟΤΕ ΚΑΤΟΠΙΝ ΥΠΟΣΧΕΣΕΩΝ

Ἡ Ἐκτελεστικὴ Ἐπιτροπὴ τῆς ΑΔΕΔΥ ἔλαβε χθὲς τὴν ἀπόφασιν νὰ ἀναμείνη τὴν ἀπάντησιν τῆς Κυβερνήσεως μέχρι τῆς προσεχοῦς Παρασκευῆς, ὡς πρὸς τὰς χορηγηθησομένας αὐξήσεις εἰς τοὺς μισθοὺς τῶν δημοσίων ὑπαλλήλων. Ἐν περιπτώσει ἀρνητικῆς ἀπαντήσεως θὰ κηρυχθῆ γενικὴ ἀπεργία εἰς ὅλας τὰς δημοσίας ὑπηρεσίας τῆς χώρας. Ὁ κ. πρόεδρος τῆς Ὁμοσπονδίας ἐδήλωσεν ὅτι οἱ ὑπάλληλοι ἀναμένουν τὴν δικαίαν ἱκανοποίησιν τῶν αἰτημάτων των, τὰ ὁποῖα ἔχουν ὑποβληθῆ ἀπὸ μακροῦ χρόνου εἰς τὸ ἁρμόδιον Ὑπουργεῖον Οἰκονομικῶν.

ΕΚΗΛΕΥΣΘΗ ΧΘΕΣ Ο ΔΗΜΟΣΙΟΓΡΑΦΟΣ ΚΟΥΤΤΡΑΣ

Ἡ Ἐκτελεστικὴ Ἐπιτροπὴ τῆς ΑΔΕΔΥ ἔλαβε χθὲς τὴν ἀπόφασιν νὰ ἀναμείνη τὴν ἀπάντησιν τῆς Κυβερνήσεως μέχρι τῆς προσεχοῦς Παρασκευῆς, ὡς πρὸς τὰς χορηγηθησομένας αὐξήσεις εἰς τοὺς μισθοὺς τῶν δημοσίων ὑπαλλήλων. Ἐν περιπτώσει ἀρνητικῆς ἀπαντήσεως θὰ κηρυχθῆ γενικὴ ἀπεργία εἰς ὅλας τὰς δημοσίας ὑπηρεσίας τῆς χώρας. Ὁ κ. πρόεδρος τῆς Ὁμοσπονδίας ἐδήλωσεν ὅτι οἱ ὑπάλληλοι ἀναμένουν τὴν δικαίαν ἱκανοποίησιν τῶν αἰτημάτων των, τὰ ὁποῖα ἔχουν ὑποβληθῆ ἀπὸ μακροῦ χρόνου εἰς τὸ ἁρμόδιον Ὑπουργεῖον Οἰκονομικῶν.

Ο Κ. ΧΑΜΜΕΡΣΚΙΕΛΝΤ ΑΝΕΧΩΡΗΣΕΝ ΕΚ ΤΗΣ ΜΟΣΧΑΣ

Ἡ Ἐκτελεστικὴ Ἐπιτροπὴ τῆς ΑΔΕΔΥ ἔλαβε χθὲς τὴν ἀπόφασιν νὰ ἀναμείνη τὴν ἀπάντησιν τῆς Κυβερνήσεως μέχρι τῆς προσεχοῦς Παρασκευῆς, ὡς πρὸς τὰς χορηγηθησομένας αὐξήσεις εἰς τοὺς μισθοὺς τῶν δημοσίων ὑπαλλήλων. Ἐν περιπτώσει ἀρνητικῆς ἀπαντήσεως θὰ κηρυχθῆ γενικὴ ἀπεργία εἰς ὅλας τὰς δημοσίας ὑπηρεσίας τῆς χώρας. Ὁ κ. πρόεδρος τῆς Ὁμοσπονδίας ἐδήλωσεν ὅτι οἱ ὑπάλληλοι ἀναμένουν τὴν δικαίαν ἱκανοποίησιν τῶν αἰτημάτων των, τὰ ὁποῖα ἔχουν ὑποβληθῆ ἀπὸ μακροῦ χρόνου εἰς τὸ ἁρμόδιον Ὑπουργεῖον Οἰκονομικῶν.

ΔΕΝ ΕΧΕΙ ΟΥΔΕΜΙΑΝ ΣΧΕΤΙΚΗΝ ΠΛΗΡΟΦΟΡΙΑΝ Η ΚΥΒΕΡΝΗΣΙΣ

Ἡ Ἐκτελεστικὴ Ἐπιτροπὴ τῆς ΑΔΕΔΥ ἔλαβε χθὲς τὴν ἀπόφασιν νὰ ἀναμείνη τὴν ἀπάντησιν τῆς Κυβερνήσεως μέχρι τῆς προσεχοῦς Παρασκευῆς, ὡς πρὸς τὰς χορηγηθησομένας αὐξήσεις εἰς τοὺς μισθοὺς τῶν δημοσίων ὑπαλλήλων. Ἐν περιπτώσει ἀρνητικῆς ἀπαντήσεως θὰ κηρυχθῆ γενικὴ ἀπεργία εἰς ὅλας τὰς δημοσίας ὑπηρεσίας τῆς χώρας. Ὁ κ. πρόεδρος τῆς Ὁμοσπονδίας ἐδήλωσεν ὅτι οἱ ὑπάλληλοι ἀναμένουν τὴν δικαίαν ἱκανοποίησιν τῶν αἰτημάτων των, τὰ ὁποῖα ἔχουν ὑποβληθῆ ἀπὸ μακροῦ χρόνου εἰς τὸ ἁρμόδιον Ὑπουργεῖον Οἰκονομικῶν.

ΕΛΑΦΡΑ ΣΕΙΣΜΙΚΗ ΔΟΝΗΣΙΣ ΕΙΣ ΚΑΡΠΑΘΟΝ

Ἡ Ἐκτελεστικὴ Ἐπιτροπὴ τῆς ΑΔΕΔΥ ἔλαβε χθὲς τὴν ἀπόφασιν νὰ ἀναμείνη τὴν ἀπάντησιν τῆς Κυβερνήσεως μέχρι τῆς προσεχοῦς Παρασκευῆς, ὡς πρὸς τὰς χορηγηθησομένας αὐξήσεις εἰς τοὺς μισθοὺς τῶν δημοσίων ὑπαλλήλων. Ἐν περιπτώσει ἀρνητικῆς ἀπαντήσεως θὰ κηρυχθῆ γενικὴ ἀπεργία εἰς ὅλας τὰς δημοσίας ὑπηρεσίας τῆς χώρας. Ὁ κ. πρόεδρος τῆς Ὁμοσπονδίας ἐδήλωσεν ὅτι οἱ ὑπάλληλοι ἀναμένουν τὴν δικαίαν ἱκανοποίησιν τῶν αἰτημάτων των, τὰ ὁποῖα ἔχουν ὑποβληθῆ ἀπὸ μακροῦ χρόνου εἰς τὸ ἁρμόδιον Ὑπουργεῖον Οἰκονομικῶν.

Ο ΣΤΡΑΤΑΡΧΗΣ ΤΙΤΟ ΣΥΝΗΝΤΗΘΗ ΧΘΕΣ ΜΕΤΑ ΤΟΥ ΚΑΝΤΑΡ

Ἡ Ἐκτελεστικὴ Ἐπιτροπὴ τῆς ΑΔΕΔΥ ἔλαβε χθὲς τὴν ἀπόφασιν νὰ ἀναμείνη τὴν ἀπάντησιν τῆς Κυβερνήσεως μέχρι τῆς προσεχοῦς Παρασκευῆς, ὡς πρὸς τὰς χορηγηθησομένας αὐξήσεις εἰς τοὺς μισθοὺς τῶν δημοσίων ὑπαλλήλων. Ἐν περιπτώσει ἀρνητικῆς ἀπαντήσεως θὰ κηρυχθῆ γενικὴ ἀπεργία εἰς ὅλας τὰς δημοσίας ὑπηρεσίας τῆς χώρας. Ὁ κ. πρόεδρος τῆς Ὁμοσπονδίας ἐδήλωσεν ὅτι οἱ ὑπάλληλοι ἀναμένουν τὴν δικαίαν ἱκανοποίησιν τῶν αἰτημάτων των, τὰ ὁποῖα ἔχουν ὑποβληθῆ ἀπὸ μακροῦ χρόνου εἰς τὸ ἁρμόδιον Ὑπουργεῖον Οἰκονομικῶν.

Ἡ Ἐκτελεστικὴ Ἐπιτροπὴ τῆς ΑΔΕΔΥ ἔλαβε χθὲς τὴν ἀπόφασιν νὰ ἀναμείνη τὴν ἀπάντησιν τῆς Κυβερνήσεως μέχρι τῆς προσεχοῦς Παρασκευῆς, ὡς πρὸς τὰς χορηγηθησομένας αὐξήσεις εἰς τοὺς μισθοὺς τῶν δημοσίων ὑπαλλήλων. Ἐν περιπτώσει ἀρνητικῆς ἀπαντήσεως θὰ κηρυχθῆ γενικὴ ἀπεργία εἰς ὅλας τὰς δημοσίας ὑπηρεσίας τῆς χώρας. Ὁ κ. πρόεδρος τῆς Ὁμοσπονδίας ἐδήλωσεν ὅτι οἱ ὑπάλληλοι ἀναμένουν τὴν δικαίαν ἱκανοποίησιν τῶν αἰτημάτων των, τὰ ὁποῖα ἔχουν ὑποβληθῆ ἀπὸ μακροῦ χρόνου εἰς τὸ ἁρμόδιον Ὑπουργεῖον Οἰκονομικῶν.
